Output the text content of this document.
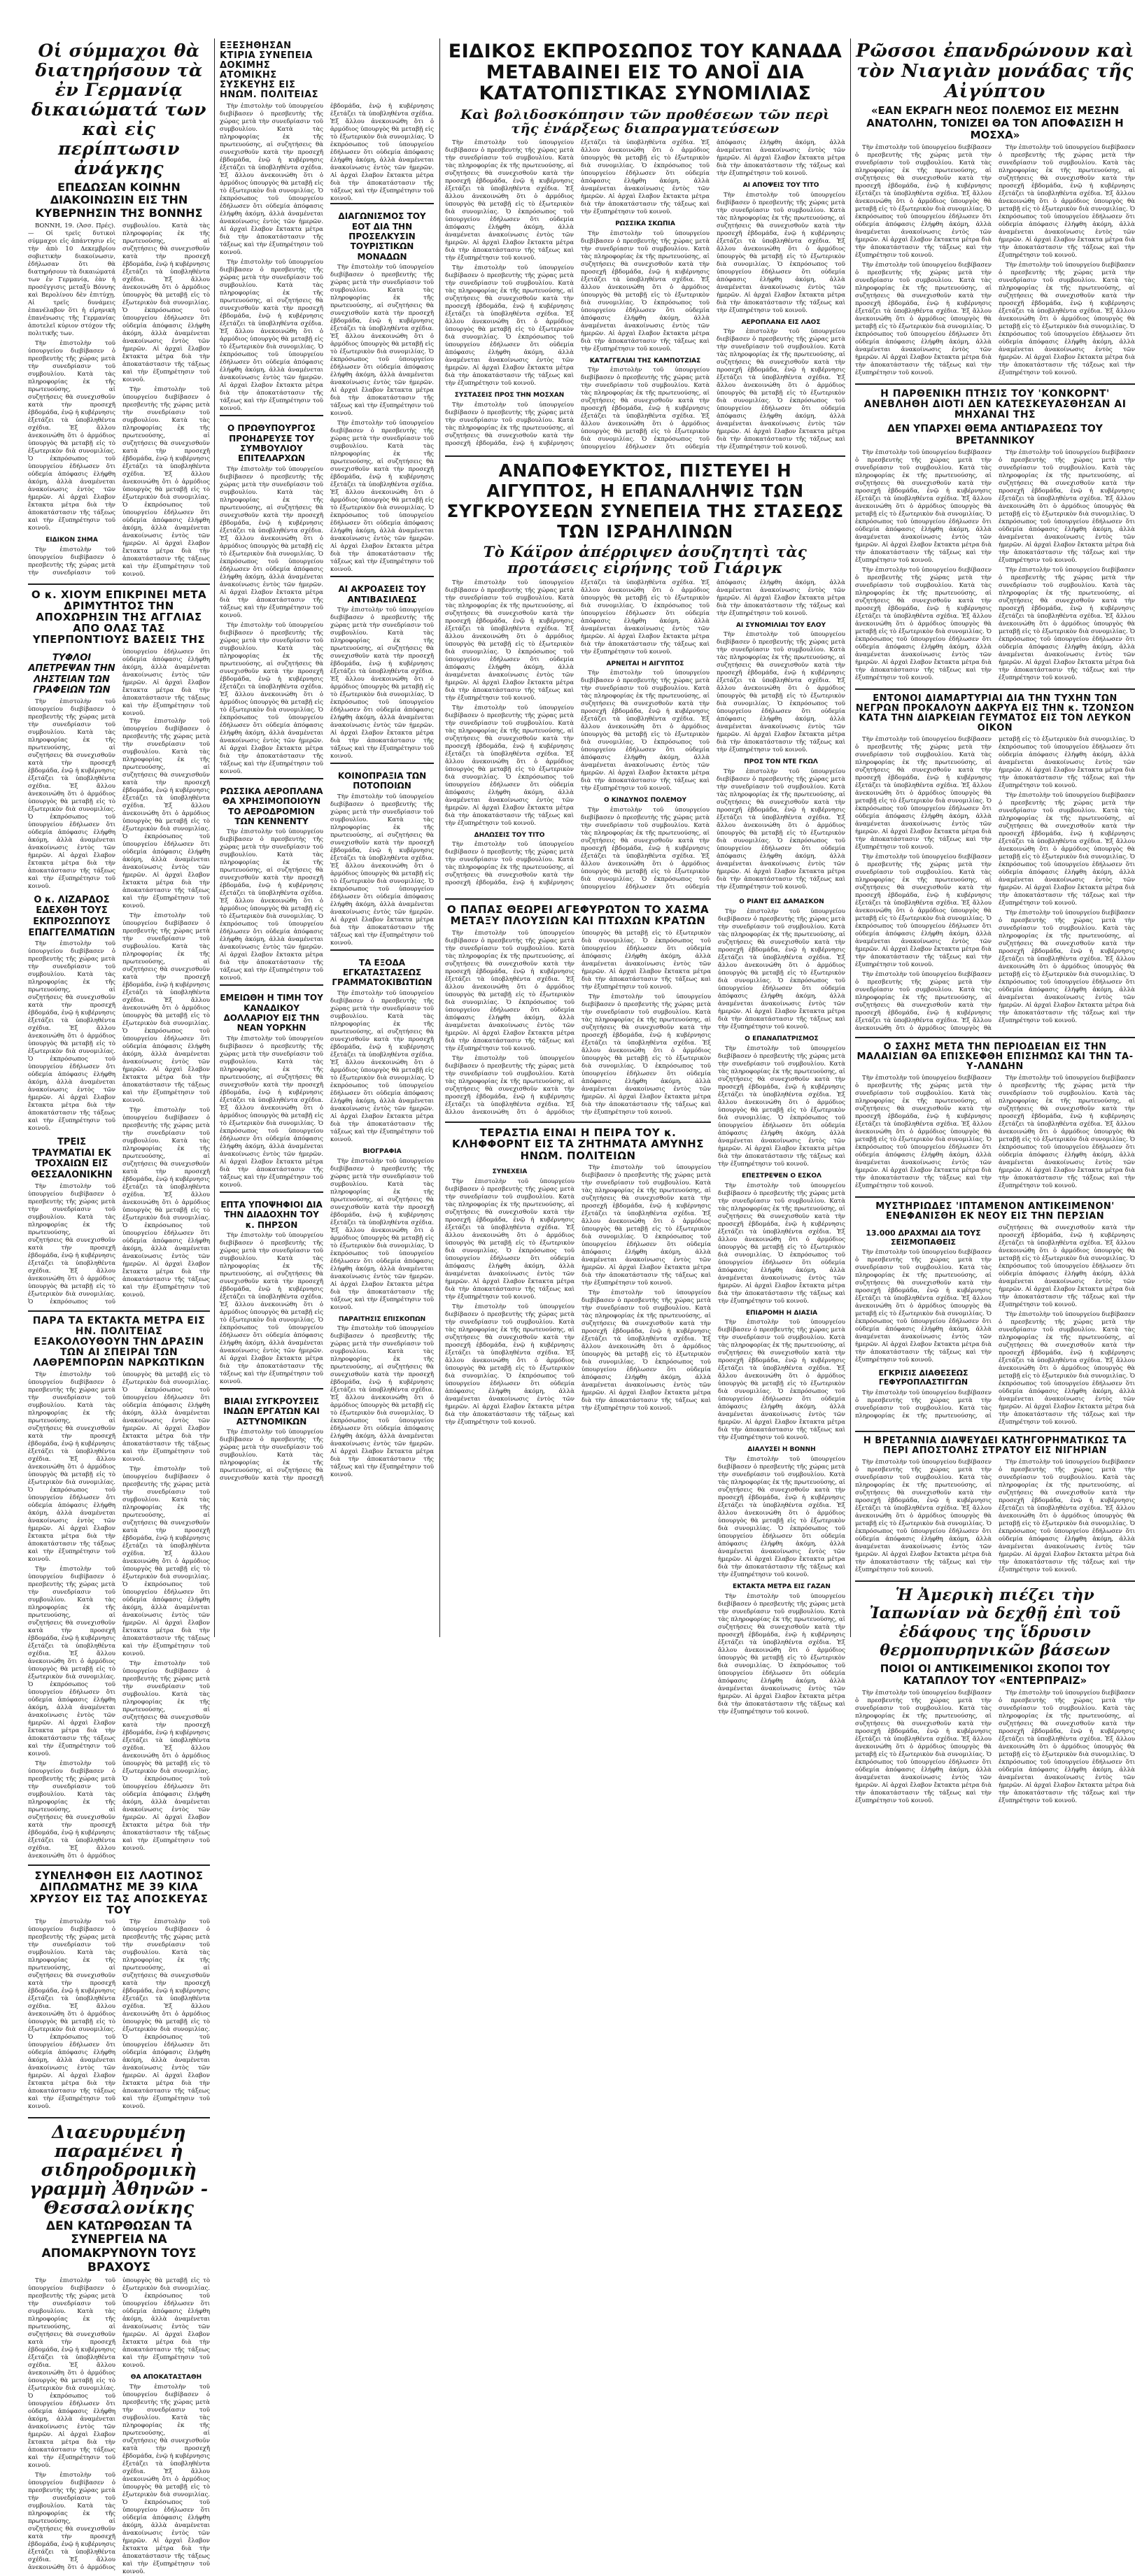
Οἱ σύμμαχοι θὰ διατηρήσουν τὰ ἐν Γερμανίᾳ δικαιώματά των καὶ εἰς περίπτωσιν ἀνάγκης
ΕΠΕΔΩΣΑΝ ΚΟΙΝΗΝ ΔΙΑΚΟΙΝΩΣΙΝ ΕΙΣ ΤΗΝ ΚΥΒΕΡΝΗΣΙΝ ΤΗΣ ΒΟΝΝΗΣ

ΒΟΝΝΗ, 19. (Ἀσσ. Πρές).— Οἱ τρεῖς δυτικοὶ σύμμαχοι εἰς ἀπάντησιν εἰς τὴν ἀπὸ 10 Δεκεμβρίου σοβιετικὴν διακοίνωσιν, ἐδήλωσαν ὅτι θὰ διατηρήσουν τὰ δικαιώματά των ἐν Γερμανίᾳ, ἐὰν ἡ προσέγγισις μεταξὺ Βόννης καὶ Βερολίνου δὲν ἐπιτύχῃ. Αἱ τρεῖς δυνάμεις ἐπανέλαβον ὅτι ἡ εἰρηνικὴ ἐπανένωσις τῆς Γερμανίας ἀποτελεῖ κύριον στόχον τῆς πολιτικῆς των.

Τὴν ἐπιστολὴν τοῦ ὑπουργείου διεβίβασεν ὁ πρεσβευτὴς τῆς χώρας μετὰ τὴν συνεδρίασιν τοῦ συμβουλίου. Κατὰ τὰς πληροφορίας ἐκ τῆς πρωτευούσης, αἱ συζητήσεις θὰ συνεχισθοῦν κατὰ τὴν προσεχῆ ἑβδομάδα, ἐνῷ ἡ κυβέρνησις ἐξετάζει τὰ ὑποβληθέντα σχέδια. Ἐξ ἄλλου ἀνεκοινώθη ὅτι ὁ ἀρμόδιος ὑπουργὸς θὰ μεταβῇ εἰς τὸ ἐξωτερικὸν διὰ συνομιλίας. Ὁ ἐκπρόσωπος τοῦ ὑπουργείου ἐδήλωσεν ὅτι οὐδεμία ἀπόφασις ἐλήφθη ἀκόμη, ἀλλὰ ἀναμένεται ἀνακοίνωσις ἐντὸς τῶν ἡμερῶν. Αἱ ἀρχαὶ ἔλαβον ἔκτακτα μέτρα διὰ τὴν ἀποκατάστασιν τῆς τάξεως καὶ τὴν ἐξυπηρέτησιν τοῦ κοινοῦ.

ΕΙΔΙΚΟΝ ΣΗΜΑ

Τὴν ἐπιστολὴν τοῦ ὑπουργείου διεβίβασεν ὁ πρεσβευτὴς τῆς χώρας μετὰ τὴν συνεδρίασιν τοῦ συμβουλίου. Κατὰ τὰς πληροφορίας ἐκ τῆς πρωτευούσης, αἱ συζητήσεις θὰ συνεχισθοῦν κατὰ τὴν προσεχῆ ἑβδομάδα, ἐνῷ ἡ κυβέρνησις ἐξετάζει τὰ ὑποβληθέντα σχέδια. Ἐξ ἄλλου ἀνεκοινώθη ὅτι ὁ ἀρμόδιος ὑπουργὸς θὰ μεταβῇ εἰς τὸ ἐξωτερικὸν διὰ συνομιλίας. Ὁ ἐκπρόσωπος τοῦ ὑπουργείου ἐδήλωσεν ὅτι οὐδεμία ἀπόφασις ἐλήφθη ἀκόμη, ἀλλὰ ἀναμένεται ἀνακοίνωσις ἐντὸς τῶν ἡμερῶν. Αἱ ἀρχαὶ ἔλαβον ἔκτακτα μέτρα διὰ τὴν ἀποκατάστασιν τῆς τάξεως καὶ τὴν ἐξυπηρέτησιν τοῦ κοινοῦ.

Τὴν ἐπιστολὴν τοῦ ὑπουργείου διεβίβασεν ὁ πρεσβευτὴς τῆς χώρας μετὰ τὴν συνεδρίασιν τοῦ συμβουλίου. Κατὰ τὰς πληροφορίας ἐκ τῆς πρωτευούσης, αἱ συζητήσεις θὰ συνεχισθοῦν κατὰ τὴν προσεχῆ ἑβδομάδα, ἐνῷ ἡ κυβέρνησις ἐξετάζει τὰ ὑποβληθέντα σχέδια. Ἐξ ἄλλου ἀνεκοινώθη ὅτι ὁ ἀρμόδιος ὑπουργὸς θὰ μεταβῇ εἰς τὸ ἐξωτερικὸν διὰ συνομιλίας. Ὁ ἐκπρόσωπος τοῦ ὑπουργείου ἐδήλωσεν ὅτι οὐδεμία ἀπόφασις ἐλήφθη ἀκόμη, ἀλλὰ ἀναμένεται ἀνακοίνωσις ἐντὸς τῶν ἡμερῶν. Αἱ ἀρχαὶ ἔλαβον ἔκτακτα μέτρα διὰ τὴν ἀποκατάστασιν τῆς τάξεως καὶ τὴν ἐξυπηρέτησιν τοῦ κοινοῦ.

Ο κ. ΧΙΟΥΜ ΕΠΙΚΡΙΝΕΙ ΜΕΤΑ ΔΡΙΜΥΤΗΤΟΣ ΤΗΝ ΑΠΟΧΩΡΗΣΙΝ ΤΗΣ ΑΓΓΛΙΑΣ ΑΠΟ ΟΛΑΣ ΤΑΣ ΥΠΕΡΠΟΝΤΙΟΥΣ ΒΑΣΕΙΣ ΤΗΣ
ΤΥΦΛΟΙ ΑΠΕΤΡΕΨΑΝ ΤΗΝ ΛΗΣΤΕΙΑΝ ΤΩΝ ΓΡΑΦΕΙΩΝ ΤΩΝ

Τὴν ἐπιστολὴν τοῦ ὑπουργείου διεβίβασεν ὁ πρεσβευτὴς τῆς χώρας μετὰ τὴν συνεδρίασιν τοῦ συμβουλίου. Κατὰ τὰς πληροφορίας ἐκ τῆς πρωτευούσης, αἱ συζητήσεις θὰ συνεχισθοῦν κατὰ τὴν προσεχῆ ἑβδομάδα, ἐνῷ ἡ κυβέρνησις ἐξετάζει τὰ ὑποβληθέντα σχέδια. Ἐξ ἄλλου ἀνεκοινώθη ὅτι ὁ ἀρμόδιος ὑπουργὸς θὰ μεταβῇ εἰς τὸ ἐξωτερικὸν διὰ συνομιλίας. Ὁ ἐκπρόσωπος τοῦ ὑπουργείου ἐδήλωσεν ὅτι οὐδεμία ἀπόφασις ἐλήφθη ἀκόμη, ἀλλὰ ἀναμένεται ἀνακοίνωσις ἐντὸς τῶν ἡμερῶν. Αἱ ἀρχαὶ ἔλαβον ἔκτακτα μέτρα διὰ τὴν ἀποκατάστασιν τῆς τάξεως καὶ τὴν ἐξυπηρέτησιν τοῦ κοινοῦ.

Ο κ. ΛΙΖΑΡΔΟΣ ΕΔΕΧΘΗ ΤΟΥΣ ΕΚΠΡΟΣΩΠΟΥΣ ΕΠΑΓΓΕΛΜΑΤΙΩΝ

Τὴν ἐπιστολὴν τοῦ ὑπουργείου διεβίβασεν ὁ πρεσβευτὴς τῆς χώρας μετὰ τὴν συνεδρίασιν τοῦ συμβουλίου. Κατὰ τὰς πληροφορίας ἐκ τῆς πρωτευούσης, αἱ συζητήσεις θὰ συνεχισθοῦν κατὰ τὴν προσεχῆ ἑβδομάδα, ἐνῷ ἡ κυβέρνησις ἐξετάζει τὰ ὑποβληθέντα σχέδια. Ἐξ ἄλλου ἀνεκοινώθη ὅτι ὁ ἀρμόδιος ὑπουργὸς θὰ μεταβῇ εἰς τὸ ἐξωτερικὸν διὰ συνομιλίας. Ὁ ἐκπρόσωπος τοῦ ὑπουργείου ἐδήλωσεν ὅτι οὐδεμία ἀπόφασις ἐλήφθη ἀκόμη, ἀλλὰ ἀναμένεται ἀνακοίνωσις ἐντὸς τῶν ἡμερῶν. Αἱ ἀρχαὶ ἔλαβον ἔκτακτα μέτρα διὰ τὴν ἀποκατάστασιν τῆς τάξεως καὶ τὴν ἐξυπηρέτησιν τοῦ κοινοῦ.

ΤΡΕΙΣ ΤΡΑΥΜΑΤΙΑΙ ΕΚ ΤΡΟΧΑΙΩΝ ΕΙΣ ΘΕΣΣΑΛΟΝΙΚΗΝ

Τὴν ἐπιστολὴν τοῦ ὑπουργείου διεβίβασεν ὁ πρεσβευτὴς τῆς χώρας μετὰ τὴν συνεδρίασιν τοῦ συμβουλίου. Κατὰ τὰς πληροφορίας ἐκ τῆς πρωτευούσης, αἱ συζητήσεις θὰ συνεχισθοῦν κατὰ τὴν προσεχῆ ἑβδομάδα, ἐνῷ ἡ κυβέρνησις ἐξετάζει τὰ ὑποβληθέντα σχέδια. Ἐξ ἄλλου ἀνεκοινώθη ὅτι ὁ ἀρμόδιος ὑπουργὸς θὰ μεταβῇ εἰς τὸ ἐξωτερικὸν διὰ συνομιλίας. Ὁ ἐκπρόσωπος τοῦ ὑπουργείου ἐδήλωσεν ὅτι οὐδεμία ἀπόφασις ἐλήφθη ἀκόμη, ἀλλὰ ἀναμένεται ἀνακοίνωσις ἐντὸς τῶν ἡμερῶν. Αἱ ἀρχαὶ ἔλαβον ἔκτακτα μέτρα διὰ τὴν ἀποκατάστασιν τῆς τάξεως καὶ τὴν ἐξυπηρέτησιν τοῦ κοινοῦ.

Τὴν ἐπιστολὴν τοῦ ὑπουργείου διεβίβασεν ὁ πρεσβευτὴς τῆς χώρας μετὰ τὴν συνεδρίασιν τοῦ συμβουλίου. Κατὰ τὰς πληροφορίας ἐκ τῆς πρωτευούσης, αἱ συζητήσεις θὰ συνεχισθοῦν κατὰ τὴν προσεχῆ ἑβδομάδα, ἐνῷ ἡ κυβέρνησις ἐξετάζει τὰ ὑποβληθέντα σχέδια. Ἐξ ἄλλου ἀνεκοινώθη ὅτι ὁ ἀρμόδιος ὑπουργὸς θὰ μεταβῇ εἰς τὸ ἐξωτερικὸν διὰ συνομιλίας. Ὁ ἐκπρόσωπος τοῦ ὑπουργείου ἐδήλωσεν ὅτι οὐδεμία ἀπόφασις ἐλήφθη ἀκόμη, ἀλλὰ ἀναμένεται ἀνακοίνωσις ἐντὸς τῶν ἡμερῶν. Αἱ ἀρχαὶ ἔλαβον ἔκτακτα μέτρα διὰ τὴν ἀποκατάστασιν τῆς τάξεως καὶ τὴν ἐξυπηρέτησιν τοῦ κοινοῦ.

Τὴν ἐπιστολὴν τοῦ ὑπουργείου διεβίβασεν ὁ πρεσβευτὴς τῆς χώρας μετὰ τὴν συνεδρίασιν τοῦ συμβουλίου. Κατὰ τὰς πληροφορίας ἐκ τῆς πρωτευούσης, αἱ συζητήσεις θὰ συνεχισθοῦν κατὰ τὴν προσεχῆ ἑβδομάδα, ἐνῷ ἡ κυβέρνησις ἐξετάζει τὰ ὑποβληθέντα σχέδια. Ἐξ ἄλλου ἀνεκοινώθη ὅτι ὁ ἀρμόδιος ὑπουργὸς θὰ μεταβῇ εἰς τὸ ἐξωτερικὸν διὰ συνομιλίας. Ὁ ἐκπρόσωπος τοῦ ὑπουργείου ἐδήλωσεν ὅτι οὐδεμία ἀπόφασις ἐλήφθη ἀκόμη, ἀλλὰ ἀναμένεται ἀνακοίνωσις ἐντὸς τῶν ἡμερῶν. Αἱ ἀρχαὶ ἔλαβον ἔκτακτα μέτρα διὰ τὴν ἀποκατάστασιν τῆς τάξεως καὶ τὴν ἐξυπηρέτησιν τοῦ κοινοῦ.

Τὴν ἐπιστολὴν τοῦ ὑπουργείου διεβίβασεν ὁ πρεσβευτὴς τῆς χώρας μετὰ τὴν συνεδρίασιν τοῦ συμβουλίου. Κατὰ τὰς πληροφορίας ἐκ τῆς πρωτευούσης, αἱ συζητήσεις θὰ συνεχισθοῦν κατὰ τὴν προσεχῆ ἑβδομάδα, ἐνῷ ἡ κυβέρνησις ἐξετάζει τὰ ὑποβληθέντα σχέδια. Ἐξ ἄλλου ἀνεκοινώθη ὅτι ὁ ἀρμόδιος ὑπουργὸς θὰ μεταβῇ εἰς τὸ ἐξωτερικὸν διὰ συνομιλίας. Ὁ ἐκπρόσωπος τοῦ ὑπουργείου ἐδήλωσεν ὅτι οὐδεμία ἀπόφασις ἐλήφθη ἀκόμη, ἀλλὰ ἀναμένεται ἀνακοίνωσις ἐντὸς τῶν ἡμερῶν. Αἱ ἀρχαὶ ἔλαβον ἔκτακτα μέτρα διὰ τὴν ἀποκατάστασιν τῆς τάξεως καὶ τὴν ἐξυπηρέτησιν τοῦ κοινοῦ.

ΠΑΡΑ ΤΑ ΕΚΤΑΚΤΑ ΜΕΤΡΑ ΕΙΣ ΗΝ. ΠΟΛΙΤΕΙΑΣ ΕΞΑΚΟΛΟΥΘΟΥΝ ΤΗΝ ΔΡΑΣΙΝ ΤΩΝ ΑΙ ΣΠΕΙΡΑΙ ΤΩΝ ΛΑΘΡΕΜΠΟΡΩΝ ΝΑΡΚΩΤΙΚΩΝ

Τὴν ἐπιστολὴν τοῦ ὑπουργείου διεβίβασεν ὁ πρεσβευτὴς τῆς χώρας μετὰ τὴν συνεδρίασιν τοῦ συμβουλίου. Κατὰ τὰς πληροφορίας ἐκ τῆς πρωτευούσης, αἱ συζητήσεις θὰ συνεχισθοῦν κατὰ τὴν προσεχῆ ἑβδομάδα, ἐνῷ ἡ κυβέρνησις ἐξετάζει τὰ ὑποβληθέντα σχέδια. Ἐξ ἄλλου ἀνεκοινώθη ὅτι ὁ ἀρμόδιος ὑπουργὸς θὰ μεταβῇ εἰς τὸ ἐξωτερικὸν διὰ συνομιλίας. Ὁ ἐκπρόσωπος τοῦ ὑπουργείου ἐδήλωσεν ὅτι οὐδεμία ἀπόφασις ἐλήφθη ἀκόμη, ἀλλὰ ἀναμένεται ἀνακοίνωσις ἐντὸς τῶν ἡμερῶν. Αἱ ἀρχαὶ ἔλαβον ἔκτακτα μέτρα διὰ τὴν ἀποκατάστασιν τῆς τάξεως καὶ τὴν ἐξυπηρέτησιν τοῦ κοινοῦ.

Τὴν ἐπιστολὴν τοῦ ὑπουργείου διεβίβασεν ὁ πρεσβευτὴς τῆς χώρας μετὰ τὴν συνεδρίασιν τοῦ συμβουλίου. Κατὰ τὰς πληροφορίας ἐκ τῆς πρωτευούσης, αἱ συζητήσεις θὰ συνεχισθοῦν κατὰ τὴν προσεχῆ ἑβδομάδα, ἐνῷ ἡ κυβέρνησις ἐξετάζει τὰ ὑποβληθέντα σχέδια. Ἐξ ἄλλου ἀνεκοινώθη ὅτι ὁ ἀρμόδιος ὑπουργὸς θὰ μεταβῇ εἰς τὸ ἐξωτερικὸν διὰ συνομιλίας. Ὁ ἐκπρόσωπος τοῦ ὑπουργείου ἐδήλωσεν ὅτι οὐδεμία ἀπόφασις ἐλήφθη ἀκόμη, ἀλλὰ ἀναμένεται ἀνακοίνωσις ἐντὸς τῶν ἡμερῶν. Αἱ ἀρχαὶ ἔλαβον ἔκτακτα μέτρα διὰ τὴν ἀποκατάστασιν τῆς τάξεως καὶ τὴν ἐξυπηρέτησιν τοῦ κοινοῦ.

Τὴν ἐπιστολὴν τοῦ ὑπουργείου διεβίβασεν ὁ πρεσβευτὴς τῆς χώρας μετὰ τὴν συνεδρίασιν τοῦ συμβουλίου. Κατὰ τὰς πληροφορίας ἐκ τῆς πρωτευούσης, αἱ συζητήσεις θὰ συνεχισθοῦν κατὰ τὴν προσεχῆ ἑβδομάδα, ἐνῷ ἡ κυβέρνησις ἐξετάζει τὰ ὑποβληθέντα σχέδια. Ἐξ ἄλλου ἀνεκοινώθη ὅτι ὁ ἀρμόδιος ὑπουργὸς θὰ μεταβῇ εἰς τὸ ἐξωτερικὸν διὰ συνομιλίας. Ὁ ἐκπρόσωπος τοῦ ὑπουργείου ἐδήλωσεν ὅτι οὐδεμία ἀπόφασις ἐλήφθη ἀκόμη, ἀλλὰ ἀναμένεται ἀνακοίνωσις ἐντὸς τῶν ἡμερῶν. Αἱ ἀρχαὶ ἔλαβον ἔκτακτα μέτρα διὰ τὴν ἀποκατάστασιν τῆς τάξεως καὶ τὴν ἐξυπηρέτησιν τοῦ κοινοῦ.

Τὴν ἐπιστολὴν τοῦ ὑπουργείου διεβίβασεν ὁ πρεσβευτὴς τῆς χώρας μετὰ τὴν συνεδρίασιν τοῦ συμβουλίου. Κατὰ τὰς πληροφορίας ἐκ τῆς πρωτευούσης, αἱ συζητήσεις θὰ συνεχισθοῦν κατὰ τὴν προσεχῆ ἑβδομάδα, ἐνῷ ἡ κυβέρνησις ἐξετάζει τὰ ὑποβληθέντα σχέδια. Ἐξ ἄλλου ἀνεκοινώθη ὅτι ὁ ἀρμόδιος ὑπουργὸς θὰ μεταβῇ εἰς τὸ ἐξωτερικὸν διὰ συνομιλίας. Ὁ ἐκπρόσωπος τοῦ ὑπουργείου ἐδήλωσεν ὅτι οὐδεμία ἀπόφασις ἐλήφθη ἀκόμη, ἀλλὰ ἀναμένεται ἀνακοίνωσις ἐντὸς τῶν ἡμερῶν. Αἱ ἀρχαὶ ἔλαβον ἔκτακτα μέτρα διὰ τὴν ἀποκατάστασιν τῆς τάξεως καὶ τὴν ἐξυπηρέτησιν τοῦ κοινοῦ.

Τὴν ἐπιστολὴν τοῦ ὑπουργείου διεβίβασεν ὁ πρεσβευτὴς τῆς χώρας μετὰ τὴν συνεδρίασιν τοῦ συμβουλίου. Κατὰ τὰς πληροφορίας ἐκ τῆς πρωτευούσης, αἱ συζητήσεις θὰ συνεχισθοῦν κατὰ τὴν προσεχῆ ἑβδομάδα, ἐνῷ ἡ κυβέρνησις ἐξετάζει τὰ ὑποβληθέντα σχέδια. Ἐξ ἄλλου ἀνεκοινώθη ὅτι ὁ ἀρμόδιος ὑπουργὸς θὰ μεταβῇ εἰς τὸ ἐξωτερικὸν διὰ συνομιλίας. Ὁ ἐκπρόσωπος τοῦ ὑπουργείου ἐδήλωσεν ὅτι οὐδεμία ἀπόφασις ἐλήφθη ἀκόμη, ἀλλὰ ἀναμένεται ἀνακοίνωσις ἐντὸς τῶν ἡμερῶν. Αἱ ἀρχαὶ ἔλαβον ἔκτακτα μέτρα διὰ τὴν ἀποκατάστασιν τῆς τάξεως καὶ τὴν ἐξυπηρέτησιν τοῦ κοινοῦ.

ΣΥΝΕΛΗΦΘΗ ΕΙΣ ΛΑΟΤΙΝΟΣ ΔΙΠΛΩΜΑΤΗΣ ΜΕ 39 ΚΙΛΑ ΧΡΥΣΟΥ ΕΙΣ ΤΑΣ ΑΠΟΣΚΕΥΑΣ ΤΟΥ

Τὴν ἐπιστολὴν τοῦ ὑπουργείου διεβίβασεν ὁ πρεσβευτὴς τῆς χώρας μετὰ τὴν συνεδρίασιν τοῦ συμβουλίου. Κατὰ τὰς πληροφορίας ἐκ τῆς πρωτευούσης, αἱ συζητήσεις θὰ συνεχισθοῦν κατὰ τὴν προσεχῆ ἑβδομάδα, ἐνῷ ἡ κυβέρνησις ἐξετάζει τὰ ὑποβληθέντα σχέδια. Ἐξ ἄλλου ἀνεκοινώθη ὅτι ὁ ἀρμόδιος ὑπουργὸς θὰ μεταβῇ εἰς τὸ ἐξωτερικὸν διὰ συνομιλίας. Ὁ ἐκπρόσωπος τοῦ ὑπουργείου ἐδήλωσεν ὅτι οὐδεμία ἀπόφασις ἐλήφθη ἀκόμη, ἀλλὰ ἀναμένεται ἀνακοίνωσις ἐντὸς τῶν ἡμερῶν. Αἱ ἀρχαὶ ἔλαβον ἔκτακτα μέτρα διὰ τὴν ἀποκατάστασιν τῆς τάξεως καὶ τὴν ἐξυπηρέτησιν τοῦ κοινοῦ.

Τὴν ἐπιστολὴν τοῦ ὑπουργείου διεβίβασεν ὁ πρεσβευτὴς τῆς χώρας μετὰ τὴν συνεδρίασιν τοῦ συμβουλίου. Κατὰ τὰς πληροφορίας ἐκ τῆς πρωτευούσης, αἱ συζητήσεις θὰ συνεχισθοῦν κατὰ τὴν προσεχῆ ἑβδομάδα, ἐνῷ ἡ κυβέρνησις ἐξετάζει τὰ ὑποβληθέντα σχέδια. Ἐξ ἄλλου ἀνεκοινώθη ὅτι ὁ ἀρμόδιος ὑπουργὸς θὰ μεταβῇ εἰς τὸ ἐξωτερικὸν διὰ συνομιλίας. Ὁ ἐκπρόσωπος τοῦ ὑπουργείου ἐδήλωσεν ὅτι οὐδεμία ἀπόφασις ἐλήφθη ἀκόμη, ἀλλὰ ἀναμένεται ἀνακοίνωσις ἐντὸς τῶν ἡμερῶν. Αἱ ἀρχαὶ ἔλαβον ἔκτακτα μέτρα διὰ τὴν ἀποκατάστασιν τῆς τάξεως καὶ τὴν ἐξυπηρέτησιν τοῦ κοινοῦ.

Διαευρυμένη παραμένει ἡ σιδηροδρομικὴ γραμμὴ Ἀθηνῶν - Θεσσαλονίκης
ΔΕΝ ΚΑΤΩΡΘΩΣΑΝ ΤΑ ΣΥΝΕΡΓΕΙΑ ΝΑ ΑΠΟΜΑΚΡΥΝΟΥΝ ΤΟΥΣ ΒΡΑΧΟΥΣ

Τὴν ἐπιστολὴν τοῦ ὑπουργείου διεβίβασεν ὁ πρεσβευτὴς τῆς χώρας μετὰ τὴν συνεδρίασιν τοῦ συμβουλίου. Κατὰ τὰς πληροφορίας ἐκ τῆς πρωτευούσης, αἱ συζητήσεις θὰ συνεχισθοῦν κατὰ τὴν προσεχῆ ἑβδομάδα, ἐνῷ ἡ κυβέρνησις ἐξετάζει τὰ ὑποβληθέντα σχέδια. Ἐξ ἄλλου ἀνεκοινώθη ὅτι ὁ ἀρμόδιος ὑπουργὸς θὰ μεταβῇ εἰς τὸ ἐξωτερικὸν διὰ συνομιλίας. Ὁ ἐκπρόσωπος τοῦ ὑπουργείου ἐδήλωσεν ὅτι οὐδεμία ἀπόφασις ἐλήφθη ἀκόμη, ἀλλὰ ἀναμένεται ἀνακοίνωσις ἐντὸς τῶν ἡμερῶν. Αἱ ἀρχαὶ ἔλαβον ἔκτακτα μέτρα διὰ τὴν ἀποκατάστασιν τῆς τάξεως καὶ τὴν ἐξυπηρέτησιν τοῦ κοινοῦ.

Τὴν ἐπιστολὴν τοῦ ὑπουργείου διεβίβασεν ὁ πρεσβευτὴς τῆς χώρας μετὰ τὴν συνεδρίασιν τοῦ συμβουλίου. Κατὰ τὰς πληροφορίας ἐκ τῆς πρωτευούσης, αἱ συζητήσεις θὰ συνεχισθοῦν κατὰ τὴν προσεχῆ ἑβδομάδα, ἐνῷ ἡ κυβέρνησις ἐξετάζει τὰ ὑποβληθέντα σχέδια. Ἐξ ἄλλου ἀνεκοινώθη ὅτι ὁ ἀρμόδιος ὑπουργὸς θὰ μεταβῇ εἰς τὸ ἐξωτερικὸν διὰ συνομιλίας. Ὁ ἐκπρόσωπος τοῦ ὑπουργείου ἐδήλωσεν ὅτι οὐδεμία ἀπόφασις ἐλήφθη ἀκόμη, ἀλλὰ ἀναμένεται ἀνακοίνωσις ἐντὸς τῶν ἡμερῶν. Αἱ ἀρχαὶ ἔλαβον ἔκτακτα μέτρα διὰ τὴν ἀποκατάστασιν τῆς τάξεως καὶ τὴν ἐξυπηρέτησιν τοῦ κοινοῦ.

ΘΑ ΑΠΟΚΑΤΑΣΤΑΘΗ

Τὴν ἐπιστολὴν τοῦ ὑπουργείου διεβίβασεν ὁ πρεσβευτὴς τῆς χώρας μετὰ τὴν συνεδρίασιν τοῦ συμβουλίου. Κατὰ τὰς πληροφορίας ἐκ τῆς πρωτευούσης, αἱ συζητήσεις θὰ συνεχισθοῦν κατὰ τὴν προσεχῆ ἑβδομάδα, ἐνῷ ἡ κυβέρνησις ἐξετάζει τὰ ὑποβληθέντα σχέδια. Ἐξ ἄλλου ἀνεκοινώθη ὅτι ὁ ἀρμόδιος ὑπουργὸς θὰ μεταβῇ εἰς τὸ ἐξωτερικὸν διὰ συνομιλίας. Ὁ ἐκπρόσωπος τοῦ ὑπουργείου ἐδήλωσεν ὅτι οὐδεμία ἀπόφασις ἐλήφθη ἀκόμη, ἀλλὰ ἀναμένεται ἀνακοίνωσις ἐντὸς τῶν ἡμερῶν. Αἱ ἀρχαὶ ἔλαβον ἔκτακτα μέτρα διὰ τὴν ἀποκατάστασιν τῆς τάξεως καὶ τὴν ἐξυπηρέτησιν τοῦ κοινοῦ.

ΕΞΕΣΗΘΗΣΑΝ ΚΤΙΡΙΑ ΣΥΝΕΠΕΙΑ ΔΟΚΙΜΗΣ ΑΤΟΜΙΚΗΣ ΣΥΣΚΕΥΗΣ ΕΙΣ ΗΝΩΜ. ΠΟΛΙΤΕΙΑΣ

Τὴν ἐπιστολὴν τοῦ ὑπουργείου διεβίβασεν ὁ πρεσβευτὴς τῆς χώρας μετὰ τὴν συνεδρίασιν τοῦ συμβουλίου. Κατὰ τὰς πληροφορίας ἐκ τῆς πρωτευούσης, αἱ συζητήσεις θὰ συνεχισθοῦν κατὰ τὴν προσεχῆ ἑβδομάδα, ἐνῷ ἡ κυβέρνησις ἐξετάζει τὰ ὑποβληθέντα σχέδια. Ἐξ ἄλλου ἀνεκοινώθη ὅτι ὁ ἀρμόδιος ὑπουργὸς θὰ μεταβῇ εἰς τὸ ἐξωτερικὸν διὰ συνομιλίας. Ὁ ἐκπρόσωπος τοῦ ὑπουργείου ἐδήλωσεν ὅτι οὐδεμία ἀπόφασις ἐλήφθη ἀκόμη, ἀλλὰ ἀναμένεται ἀνακοίνωσις ἐντὸς τῶν ἡμερῶν. Αἱ ἀρχαὶ ἔλαβον ἔκτακτα μέτρα διὰ τὴν ἀποκατάστασιν τῆς τάξεως καὶ τὴν ἐξυπηρέτησιν τοῦ κοινοῦ.

Τὴν ἐπιστολὴν τοῦ ὑπουργείου διεβίβασεν ὁ πρεσβευτὴς τῆς χώρας μετὰ τὴν συνεδρίασιν τοῦ συμβουλίου. Κατὰ τὰς πληροφορίας ἐκ τῆς πρωτευούσης, αἱ συζητήσεις θὰ συνεχισθοῦν κατὰ τὴν προσεχῆ ἑβδομάδα, ἐνῷ ἡ κυβέρνησις ἐξετάζει τὰ ὑποβληθέντα σχέδια. Ἐξ ἄλλου ἀνεκοινώθη ὅτι ὁ ἀρμόδιος ὑπουργὸς θὰ μεταβῇ εἰς τὸ ἐξωτερικὸν διὰ συνομιλίας. Ὁ ἐκπρόσωπος τοῦ ὑπουργείου ἐδήλωσεν ὅτι οὐδεμία ἀπόφασις ἐλήφθη ἀκόμη, ἀλλὰ ἀναμένεται ἀνακοίνωσις ἐντὸς τῶν ἡμερῶν. Αἱ ἀρχαὶ ἔλαβον ἔκτακτα μέτρα διὰ τὴν ἀποκατάστασιν τῆς τάξεως καὶ τὴν ἐξυπηρέτησιν τοῦ κοινοῦ.

Ο ΠΡΩΘΥΠΟΥΡΓΟΣ ΠΡΟΗΔΡΕΥΣΕ ΤΟΥ ΣΥΜΒΟΥΛΙΟΥ ΕΠΙΤΕΛΑΡΧΩΝ

Τὴν ἐπιστολὴν τοῦ ὑπουργείου διεβίβασεν ὁ πρεσβευτὴς τῆς χώρας μετὰ τὴν συνεδρίασιν τοῦ συμβουλίου. Κατὰ τὰς πληροφορίας ἐκ τῆς πρωτευούσης, αἱ συζητήσεις θὰ συνεχισθοῦν κατὰ τὴν προσεχῆ ἑβδομάδα, ἐνῷ ἡ κυβέρνησις ἐξετάζει τὰ ὑποβληθέντα σχέδια. Ἐξ ἄλλου ἀνεκοινώθη ὅτι ὁ ἀρμόδιος ὑπουργὸς θὰ μεταβῇ εἰς τὸ ἐξωτερικὸν διὰ συνομιλίας. Ὁ ἐκπρόσωπος τοῦ ὑπουργείου ἐδήλωσεν ὅτι οὐδεμία ἀπόφασις ἐλήφθη ἀκόμη, ἀλλὰ ἀναμένεται ἀνακοίνωσις ἐντὸς τῶν ἡμερῶν. Αἱ ἀρχαὶ ἔλαβον ἔκτακτα μέτρα διὰ τὴν ἀποκατάστασιν τῆς τάξεως καὶ τὴν ἐξυπηρέτησιν τοῦ κοινοῦ.

Τὴν ἐπιστολὴν τοῦ ὑπουργείου διεβίβασεν ὁ πρεσβευτὴς τῆς χώρας μετὰ τὴν συνεδρίασιν τοῦ συμβουλίου. Κατὰ τὰς πληροφορίας ἐκ τῆς πρωτευούσης, αἱ συζητήσεις θὰ συνεχισθοῦν κατὰ τὴν προσεχῆ ἑβδομάδα, ἐνῷ ἡ κυβέρνησις ἐξετάζει τὰ ὑποβληθέντα σχέδια. Ἐξ ἄλλου ἀνεκοινώθη ὅτι ὁ ἀρμόδιος ὑπουργὸς θὰ μεταβῇ εἰς τὸ ἐξωτερικὸν διὰ συνομιλίας. Ὁ ἐκπρόσωπος τοῦ ὑπουργείου ἐδήλωσεν ὅτι οὐδεμία ἀπόφασις ἐλήφθη ἀκόμη, ἀλλὰ ἀναμένεται ἀνακοίνωσις ἐντὸς τῶν ἡμερῶν. Αἱ ἀρχαὶ ἔλαβον ἔκτακτα μέτρα διὰ τὴν ἀποκατάστασιν τῆς τάξεως καὶ τὴν ἐξυπηρέτησιν τοῦ κοινοῦ.

ΡΩΣΣΙΚΑ ΑΕΡΟΠΛΑΝΑ ΘΑ ΧΡΗΣΙΜΟΠΟΙΟΥΝ ΤΟ ΑΕΡΟΔΡΟΜΙΟΝ ΤΩΝ ΚΕΝΝΕΝΤΥ

Τὴν ἐπιστολὴν τοῦ ὑπουργείου διεβίβασεν ὁ πρεσβευτὴς τῆς χώρας μετὰ τὴν συνεδρίασιν τοῦ συμβουλίου. Κατὰ τὰς πληροφορίας ἐκ τῆς πρωτευούσης, αἱ συζητήσεις θὰ συνεχισθοῦν κατὰ τὴν προσεχῆ ἑβδομάδα, ἐνῷ ἡ κυβέρνησις ἐξετάζει τὰ ὑποβληθέντα σχέδια. Ἐξ ἄλλου ἀνεκοινώθη ὅτι ὁ ἀρμόδιος ὑπουργὸς θὰ μεταβῇ εἰς τὸ ἐξωτερικὸν διὰ συνομιλίας. Ὁ ἐκπρόσωπος τοῦ ὑπουργείου ἐδήλωσεν ὅτι οὐδεμία ἀπόφασις ἐλήφθη ἀκόμη, ἀλλὰ ἀναμένεται ἀνακοίνωσις ἐντὸς τῶν ἡμερῶν. Αἱ ἀρχαὶ ἔλαβον ἔκτακτα μέτρα διὰ τὴν ἀποκατάστασιν τῆς τάξεως καὶ τὴν ἐξυπηρέτησιν τοῦ κοινοῦ.

ΕΜΕΙΩΘΗ Η ΤΙΜΗ ΤΟΥ ΚΑΝΑΔΙΚΟΥ ΔΟΛΛΑΡΙΟΥ ΕΙΣ ΤΗΝ ΝΕΑΝ ΥΟΡΚΗΝ

Τὴν ἐπιστολὴν τοῦ ὑπουργείου διεβίβασεν ὁ πρεσβευτὴς τῆς χώρας μετὰ τὴν συνεδρίασιν τοῦ συμβουλίου. Κατὰ τὰς πληροφορίας ἐκ τῆς πρωτευούσης, αἱ συζητήσεις θὰ συνεχισθοῦν κατὰ τὴν προσεχῆ ἑβδομάδα, ἐνῷ ἡ κυβέρνησις ἐξετάζει τὰ ὑποβληθέντα σχέδια. Ἐξ ἄλλου ἀνεκοινώθη ὅτι ὁ ἀρμόδιος ὑπουργὸς θὰ μεταβῇ εἰς τὸ ἐξωτερικὸν διὰ συνομιλίας. Ὁ ἐκπρόσωπος τοῦ ὑπουργείου ἐδήλωσεν ὅτι οὐδεμία ἀπόφασις ἐλήφθη ἀκόμη, ἀλλὰ ἀναμένεται ἀνακοίνωσις ἐντὸς τῶν ἡμερῶν. Αἱ ἀρχαὶ ἔλαβον ἔκτακτα μέτρα διὰ τὴν ἀποκατάστασιν τῆς τάξεως καὶ τὴν ἐξυπηρέτησιν τοῦ κοινοῦ.

ΕΠΤΑ ΥΠΟΨΗΦΙΟΙ ΔΙΑ ΤΗΝ ΔΙΑΔΟΧΗΝ ΤΟΥ κ. ΠΗΡΣΟΝ

Τὴν ἐπιστολὴν τοῦ ὑπουργείου διεβίβασεν ὁ πρεσβευτὴς τῆς χώρας μετὰ τὴν συνεδρίασιν τοῦ συμβουλίου. Κατὰ τὰς πληροφορίας ἐκ τῆς πρωτευούσης, αἱ συζητήσεις θὰ συνεχισθοῦν κατὰ τὴν προσεχῆ ἑβδομάδα, ἐνῷ ἡ κυβέρνησις ἐξετάζει τὰ ὑποβληθέντα σχέδια. Ἐξ ἄλλου ἀνεκοινώθη ὅτι ὁ ἀρμόδιος ὑπουργὸς θὰ μεταβῇ εἰς τὸ ἐξωτερικὸν διὰ συνομιλίας. Ὁ ἐκπρόσωπος τοῦ ὑπουργείου ἐδήλωσεν ὅτι οὐδεμία ἀπόφασις ἐλήφθη ἀκόμη, ἀλλὰ ἀναμένεται ἀνακοίνωσις ἐντὸς τῶν ἡμερῶν. Αἱ ἀρχαὶ ἔλαβον ἔκτακτα μέτρα διὰ τὴν ἀποκατάστασιν τῆς τάξεως καὶ τὴν ἐξυπηρέτησιν τοῦ κοινοῦ.

ΒΙΑΙΑΙ ΣΥΓΚΡΟΥΣΕΙΣ ΙΝΔΩΝ ΕΡΓΑΤΩΝ ΚΑΙ ΑΣΤΥΝΟΜΙΚΩΝ

Τὴν ἐπιστολὴν τοῦ ὑπουργείου διεβίβασεν ὁ πρεσβευτὴς τῆς χώρας μετὰ τὴν συνεδρίασιν τοῦ συμβουλίου. Κατὰ τὰς πληροφορίας ἐκ τῆς πρωτευούσης, αἱ συζητήσεις θὰ συνεχισθοῦν κατὰ τὴν προσεχῆ ἑβδομάδα, ἐνῷ ἡ κυβέρνησις ἐξετάζει τὰ ὑποβληθέντα σχέδια. Ἐξ ἄλλου ἀνεκοινώθη ὅτι ὁ ἀρμόδιος ὑπουργὸς θὰ μεταβῇ εἰς τὸ ἐξωτερικὸν διὰ συνομιλίας. Ὁ ἐκπρόσωπος τοῦ ὑπουργείου ἐδήλωσεν ὅτι οὐδεμία ἀπόφασις ἐλήφθη ἀκόμη, ἀλλὰ ἀναμένεται ἀνακοίνωσις ἐντὸς τῶν ἡμερῶν. Αἱ ἀρχαὶ ἔλαβον ἔκτακτα μέτρα διὰ τὴν ἀποκατάστασιν τῆς τάξεως καὶ τὴν ἐξυπηρέτησιν τοῦ κοινοῦ.

ΔΙΑΓΩΝΙΣΜΟΣ ΤΟΥ ΕΟΤ ΔΙΑ ΤΗΝ ΠΡΟΣΕΛΚΥΣΙΝ ΤΟΥΡΙΣΤΙΚΩΝ ΜΟΝΑΔΩΝ

Τὴν ἐπιστολὴν τοῦ ὑπουργείου διεβίβασεν ὁ πρεσβευτὴς τῆς χώρας μετὰ τὴν συνεδρίασιν τοῦ συμβουλίου. Κατὰ τὰς πληροφορίας ἐκ τῆς πρωτευούσης, αἱ συζητήσεις θὰ συνεχισθοῦν κατὰ τὴν προσεχῆ ἑβδομάδα, ἐνῷ ἡ κυβέρνησις ἐξετάζει τὰ ὑποβληθέντα σχέδια. Ἐξ ἄλλου ἀνεκοινώθη ὅτι ὁ ἀρμόδιος ὑπουργὸς θὰ μεταβῇ εἰς τὸ ἐξωτερικὸν διὰ συνομιλίας. Ὁ ἐκπρόσωπος τοῦ ὑπουργείου ἐδήλωσεν ὅτι οὐδεμία ἀπόφασις ἐλήφθη ἀκόμη, ἀλλὰ ἀναμένεται ἀνακοίνωσις ἐντὸς τῶν ἡμερῶν. Αἱ ἀρχαὶ ἔλαβον ἔκτακτα μέτρα διὰ τὴν ἀποκατάστασιν τῆς τάξεως καὶ τὴν ἐξυπηρέτησιν τοῦ κοινοῦ.

Τὴν ἐπιστολὴν τοῦ ὑπουργείου διεβίβασεν ὁ πρεσβευτὴς τῆς χώρας μετὰ τὴν συνεδρίασιν τοῦ συμβουλίου. Κατὰ τὰς πληροφορίας ἐκ τῆς πρωτευούσης, αἱ συζητήσεις θὰ συνεχισθοῦν κατὰ τὴν προσεχῆ ἑβδομάδα, ἐνῷ ἡ κυβέρνησις ἐξετάζει τὰ ὑποβληθέντα σχέδια. Ἐξ ἄλλου ἀνεκοινώθη ὅτι ὁ ἀρμόδιος ὑπουργὸς θὰ μεταβῇ εἰς τὸ ἐξωτερικὸν διὰ συνομιλίας. Ὁ ἐκπρόσωπος τοῦ ὑπουργείου ἐδήλωσεν ὅτι οὐδεμία ἀπόφασις ἐλήφθη ἀκόμη, ἀλλὰ ἀναμένεται ἀνακοίνωσις ἐντὸς τῶν ἡμερῶν. Αἱ ἀρχαὶ ἔλαβον ἔκτακτα μέτρα διὰ τὴν ἀποκατάστασιν τῆς τάξεως καὶ τὴν ἐξυπηρέτησιν τοῦ κοινοῦ.

ΑΙ ΑΚΡΟΑΣΕΙΣ ΤΟΥ ΑΝΤΙΒΑΣΙΛΕΩΣ

Τὴν ἐπιστολὴν τοῦ ὑπουργείου διεβίβασεν ὁ πρεσβευτὴς τῆς χώρας μετὰ τὴν συνεδρίασιν τοῦ συμβουλίου. Κατὰ τὰς πληροφορίας ἐκ τῆς πρωτευούσης, αἱ συζητήσεις θὰ συνεχισθοῦν κατὰ τὴν προσεχῆ ἑβδομάδα, ἐνῷ ἡ κυβέρνησις ἐξετάζει τὰ ὑποβληθέντα σχέδια. Ἐξ ἄλλου ἀνεκοινώθη ὅτι ὁ ἀρμόδιος ὑπουργὸς θὰ μεταβῇ εἰς τὸ ἐξωτερικὸν διὰ συνομιλίας. Ὁ ἐκπρόσωπος τοῦ ὑπουργείου ἐδήλωσεν ὅτι οὐδεμία ἀπόφασις ἐλήφθη ἀκόμη, ἀλλὰ ἀναμένεται ἀνακοίνωσις ἐντὸς τῶν ἡμερῶν. Αἱ ἀρχαὶ ἔλαβον ἔκτακτα μέτρα διὰ τὴν ἀποκατάστασιν τῆς τάξεως καὶ τὴν ἐξυπηρέτησιν τοῦ κοινοῦ.

ΚΟΙΝΟΠΡΑΞΙΑ ΤΩΝ ΠΟΤΟΠΟΙΩΝ

Τὴν ἐπιστολὴν τοῦ ὑπουργείου διεβίβασεν ὁ πρεσβευτὴς τῆς χώρας μετὰ τὴν συνεδρίασιν τοῦ συμβουλίου. Κατὰ τὰς πληροφορίας ἐκ τῆς πρωτευούσης, αἱ συζητήσεις θὰ συνεχισθοῦν κατὰ τὴν προσεχῆ ἑβδομάδα, ἐνῷ ἡ κυβέρνησις ἐξετάζει τὰ ὑποβληθέντα σχέδια. Ἐξ ἄλλου ἀνεκοινώθη ὅτι ὁ ἀρμόδιος ὑπουργὸς θὰ μεταβῇ εἰς τὸ ἐξωτερικὸν διὰ συνομιλίας. Ὁ ἐκπρόσωπος τοῦ ὑπουργείου ἐδήλωσεν ὅτι οὐδεμία ἀπόφασις ἐλήφθη ἀκόμη, ἀλλὰ ἀναμένεται ἀνακοίνωσις ἐντὸς τῶν ἡμερῶν. Αἱ ἀρχαὶ ἔλαβον ἔκτακτα μέτρα διὰ τὴν ἀποκατάστασιν τῆς τάξεως καὶ τὴν ἐξυπηρέτησιν τοῦ κοινοῦ.

ΤΑ ΕΞΟΔΑ ΕΓΚΑΤΑΣΤΑΣΕΩΣ ΓΡΑΜΜΑΤΟΚΙΒΩΤΙΩΝ

Τὴν ἐπιστολὴν τοῦ ὑπουργείου διεβίβασεν ὁ πρεσβευτὴς τῆς χώρας μετὰ τὴν συνεδρίασιν τοῦ συμβουλίου. Κατὰ τὰς πληροφορίας ἐκ τῆς πρωτευούσης, αἱ συζητήσεις θὰ συνεχισθοῦν κατὰ τὴν προσεχῆ ἑβδομάδα, ἐνῷ ἡ κυβέρνησις ἐξετάζει τὰ ὑποβληθέντα σχέδια. Ἐξ ἄλλου ἀνεκοινώθη ὅτι ὁ ἀρμόδιος ὑπουργὸς θὰ μεταβῇ εἰς τὸ ἐξωτερικὸν διὰ συνομιλίας. Ὁ ἐκπρόσωπος τοῦ ὑπουργείου ἐδήλωσεν ὅτι οὐδεμία ἀπόφασις ἐλήφθη ἀκόμη, ἀλλὰ ἀναμένεται ἀνακοίνωσις ἐντὸς τῶν ἡμερῶν. Αἱ ἀρχαὶ ἔλαβον ἔκτακτα μέτρα διὰ τὴν ἀποκατάστασιν τῆς τάξεως καὶ τὴν ἐξυπηρέτησιν τοῦ κοινοῦ.

ΒΙΟΓΡΑΦΙΑ

Τὴν ἐπιστολὴν τοῦ ὑπουργείου διεβίβασεν ὁ πρεσβευτὴς τῆς χώρας μετὰ τὴν συνεδρίασιν τοῦ συμβουλίου. Κατὰ τὰς πληροφορίας ἐκ τῆς πρωτευούσης, αἱ συζητήσεις θὰ συνεχισθοῦν κατὰ τὴν προσεχῆ ἑβδομάδα, ἐνῷ ἡ κυβέρνησις ἐξετάζει τὰ ὑποβληθέντα σχέδια. Ἐξ ἄλλου ἀνεκοινώθη ὅτι ὁ ἀρμόδιος ὑπουργὸς θὰ μεταβῇ εἰς τὸ ἐξωτερικὸν διὰ συνομιλίας. Ὁ ἐκπρόσωπος τοῦ ὑπουργείου ἐδήλωσεν ὅτι οὐδεμία ἀπόφασις ἐλήφθη ἀκόμη, ἀλλὰ ἀναμένεται ἀνακοίνωσις ἐντὸς τῶν ἡμερῶν. Αἱ ἀρχαὶ ἔλαβον ἔκτακτα μέτρα διὰ τὴν ἀποκατάστασιν τῆς τάξεως καὶ τὴν ἐξυπηρέτησιν τοῦ κοινοῦ.

ΠΑΡΑΙΤΗΣΙΣ ΕΠΙΣΚΟΠΩΝ

Τὴν ἐπιστολὴν τοῦ ὑπουργείου διεβίβασεν ὁ πρεσβευτὴς τῆς χώρας μετὰ τὴν συνεδρίασιν τοῦ συμβουλίου. Κατὰ τὰς πληροφορίας ἐκ τῆς πρωτευούσης, αἱ συζητήσεις θὰ συνεχισθοῦν κατὰ τὴν προσεχῆ ἑβδομάδα, ἐνῷ ἡ κυβέρνησις ἐξετάζει τὰ ὑποβληθέντα σχέδια. Ἐξ ἄλλου ἀνεκοινώθη ὅτι ὁ ἀρμόδιος ὑπουργὸς θὰ μεταβῇ εἰς τὸ ἐξωτερικὸν διὰ συνομιλίας. Ὁ ἐκπρόσωπος τοῦ ὑπουργείου ἐδήλωσεν ὅτι οὐδεμία ἀπόφασις ἐλήφθη ἀκόμη, ἀλλὰ ἀναμένεται ἀνακοίνωσις ἐντὸς τῶν ἡμερῶν. Αἱ ἀρχαὶ ἔλαβον ἔκτακτα μέτρα διὰ τὴν ἀποκατάστασιν τῆς τάξεως καὶ τὴν ἐξυπηρέτησιν τοῦ κοινοῦ.

ΕΙΔΙΚΟΣ ΕΚΠΡΟΣΩΠΟΣ ΤΟΥ ΚΑΝΑΔΑ ΜΕΤΑΒΑΙΝΕΙ ΕΙΣ ΤΟ ΑΝΟΪ ΔΙΑ ΚΑΤΑΤΟΠΙΣΤΙΚΑΣ ΣΥΝΟΜΙΛΙΑΣ
Καὶ βολιδοσκόπησιν τῶν προθέσεων τῶν περὶ τῆς ἐνάρξεως διαπραγματεύσεων

Τὴν ἐπιστολὴν τοῦ ὑπουργείου διεβίβασεν ὁ πρεσβευτὴς τῆς χώρας μετὰ τὴν συνεδρίασιν τοῦ συμβουλίου. Κατὰ τὰς πληροφορίας ἐκ τῆς πρωτευούσης, αἱ συζητήσεις θὰ συνεχισθοῦν κατὰ τὴν προσεχῆ ἑβδομάδα, ἐνῷ ἡ κυβέρνησις ἐξετάζει τὰ ὑποβληθέντα σχέδια. Ἐξ ἄλλου ἀνεκοινώθη ὅτι ὁ ἀρμόδιος ὑπουργὸς θὰ μεταβῇ εἰς τὸ ἐξωτερικὸν διὰ συνομιλίας. Ὁ ἐκπρόσωπος τοῦ ὑπουργείου ἐδήλωσεν ὅτι οὐδεμία ἀπόφασις ἐλήφθη ἀκόμη, ἀλλὰ ἀναμένεται ἀνακοίνωσις ἐντὸς τῶν ἡμερῶν. Αἱ ἀρχαὶ ἔλαβον ἔκτακτα μέτρα διὰ τὴν ἀποκατάστασιν τῆς τάξεως καὶ τὴν ἐξυπηρέτησιν τοῦ κοινοῦ.

Τὴν ἐπιστολὴν τοῦ ὑπουργείου διεβίβασεν ὁ πρεσβευτὴς τῆς χώρας μετὰ τὴν συνεδρίασιν τοῦ συμβουλίου. Κατὰ τὰς πληροφορίας ἐκ τῆς πρωτευούσης, αἱ συζητήσεις θὰ συνεχισθοῦν κατὰ τὴν προσεχῆ ἑβδομάδα, ἐνῷ ἡ κυβέρνησις ἐξετάζει τὰ ὑποβληθέντα σχέδια. Ἐξ ἄλλου ἀνεκοινώθη ὅτι ὁ ἀρμόδιος ὑπουργὸς θὰ μεταβῇ εἰς τὸ ἐξωτερικὸν διὰ συνομιλίας. Ὁ ἐκπρόσωπος τοῦ ὑπουργείου ἐδήλωσεν ὅτι οὐδεμία ἀπόφασις ἐλήφθη ἀκόμη, ἀλλὰ ἀναμένεται ἀνακοίνωσις ἐντὸς τῶν ἡμερῶν. Αἱ ἀρχαὶ ἔλαβον ἔκτακτα μέτρα διὰ τὴν ἀποκατάστασιν τῆς τάξεως καὶ τὴν ἐξυπηρέτησιν τοῦ κοινοῦ.

ΣΥΣΤΑΣΕΙΣ ΠΡΟΣ ΤΗΝ ΜΟΣΧΑΝ

Τὴν ἐπιστολὴν τοῦ ὑπουργείου διεβίβασεν ὁ πρεσβευτὴς τῆς χώρας μετὰ τὴν συνεδρίασιν τοῦ συμβουλίου. Κατὰ τὰς πληροφορίας ἐκ τῆς πρωτευούσης, αἱ συζητήσεις θὰ συνεχισθοῦν κατὰ τὴν προσεχῆ ἑβδομάδα, ἐνῷ ἡ κυβέρνησις ἐξετάζει τὰ ὑποβληθέντα σχέδια. Ἐξ ἄλλου ἀνεκοινώθη ὅτι ὁ ἀρμόδιος ὑπουργὸς θὰ μεταβῇ εἰς τὸ ἐξωτερικὸν διὰ συνομιλίας. Ὁ ἐκπρόσωπος τοῦ ὑπουργείου ἐδήλωσεν ὅτι οὐδεμία ἀπόφασις ἐλήφθη ἀκόμη, ἀλλὰ ἀναμένεται ἀνακοίνωσις ἐντὸς τῶν ἡμερῶν. Αἱ ἀρχαὶ ἔλαβον ἔκτακτα μέτρα διὰ τὴν ἀποκατάστασιν τῆς τάξεως καὶ τὴν ἐξυπηρέτησιν τοῦ κοινοῦ.

ΡΩΣΣΙΚΑ ΣΚΩΠΙΑ

Τὴν ἐπιστολὴν τοῦ ὑπουργείου διεβίβασεν ὁ πρεσβευτὴς τῆς χώρας μετὰ τὴν συνεδρίασιν τοῦ συμβουλίου. Κατὰ τὰς πληροφορίας ἐκ τῆς πρωτευούσης, αἱ συζητήσεις θὰ συνεχισθοῦν κατὰ τὴν προσεχῆ ἑβδομάδα, ἐνῷ ἡ κυβέρνησις ἐξετάζει τὰ ὑποβληθέντα σχέδια. Ἐξ ἄλλου ἀνεκοινώθη ὅτι ὁ ἀρμόδιος ὑπουργὸς θὰ μεταβῇ εἰς τὸ ἐξωτερικὸν διὰ συνομιλίας. Ὁ ἐκπρόσωπος τοῦ ὑπουργείου ἐδήλωσεν ὅτι οὐδεμία ἀπόφασις ἐλήφθη ἀκόμη, ἀλλὰ ἀναμένεται ἀνακοίνωσις ἐντὸς τῶν ἡμερῶν. Αἱ ἀρχαὶ ἔλαβον ἔκτακτα μέτρα διὰ τὴν ἀποκατάστασιν τῆς τάξεως καὶ τὴν ἐξυπηρέτησιν τοῦ κοινοῦ.

ΚΑΤΑΓΓΕΛΙΑΙ ΤΗΣ ΚΑΜΠΟΤΖΙΑΣ

Τὴν ἐπιστολὴν τοῦ ὑπουργείου διεβίβασεν ὁ πρεσβευτὴς τῆς χώρας μετὰ τὴν συνεδρίασιν τοῦ συμβουλίου. Κατὰ τὰς πληροφορίας ἐκ τῆς πρωτευούσης, αἱ συζητήσεις θὰ συνεχισθοῦν κατὰ τὴν προσεχῆ ἑβδομάδα, ἐνῷ ἡ κυβέρνησις ἐξετάζει τὰ ὑποβληθέντα σχέδια. Ἐξ ἄλλου ἀνεκοινώθη ὅτι ὁ ἀρμόδιος ὑπουργὸς θὰ μεταβῇ εἰς τὸ ἐξωτερικὸν διὰ συνομιλίας. Ὁ ἐκπρόσωπος τοῦ ὑπουργείου ἐδήλωσεν ὅτι οὐδεμία ἀπόφασις ἐλήφθη ἀκόμη, ἀλλὰ ἀναμένεται ἀνακοίνωσις ἐντὸς τῶν ἡμερῶν. Αἱ ἀρχαὶ ἔλαβον ἔκτακτα μέτρα διὰ τὴν ἀποκατάστασιν τῆς τάξεως καὶ τὴν ἐξυπηρέτησιν τοῦ κοινοῦ.

ΑΙ ΑΠΟΨΕΙΣ ΤΟΥ ΤΙΤΟ

Τὴν ἐπιστολὴν τοῦ ὑπουργείου διεβίβασεν ὁ πρεσβευτὴς τῆς χώρας μετὰ τὴν συνεδρίασιν τοῦ συμβουλίου. Κατὰ τὰς πληροφορίας ἐκ τῆς πρωτευούσης, αἱ συζητήσεις θὰ συνεχισθοῦν κατὰ τὴν προσεχῆ ἑβδομάδα, ἐνῷ ἡ κυβέρνησις ἐξετάζει τὰ ὑποβληθέντα σχέδια. Ἐξ ἄλλου ἀνεκοινώθη ὅτι ὁ ἀρμόδιος ὑπουργὸς θὰ μεταβῇ εἰς τὸ ἐξωτερικὸν διὰ συνομιλίας. Ὁ ἐκπρόσωπος τοῦ ὑπουργείου ἐδήλωσεν ὅτι οὐδεμία ἀπόφασις ἐλήφθη ἀκόμη, ἀλλὰ ἀναμένεται ἀνακοίνωσις ἐντὸς τῶν ἡμερῶν. Αἱ ἀρχαὶ ἔλαβον ἔκτακτα μέτρα διὰ τὴν ἀποκατάστασιν τῆς τάξεως καὶ τὴν ἐξυπηρέτησιν τοῦ κοινοῦ.

ΑΕΡΟΠΛΑΝΑ ΕΙΣ ΛΑΟΣ

Τὴν ἐπιστολὴν τοῦ ὑπουργείου διεβίβασεν ὁ πρεσβευτὴς τῆς χώρας μετὰ τὴν συνεδρίασιν τοῦ συμβουλίου. Κατὰ τὰς πληροφορίας ἐκ τῆς πρωτευούσης, αἱ συζητήσεις θὰ συνεχισθοῦν κατὰ τὴν προσεχῆ ἑβδομάδα, ἐνῷ ἡ κυβέρνησις ἐξετάζει τὰ ὑποβληθέντα σχέδια. Ἐξ ἄλλου ἀνεκοινώθη ὅτι ὁ ἀρμόδιος ὑπουργὸς θὰ μεταβῇ εἰς τὸ ἐξωτερικὸν διὰ συνομιλίας. Ὁ ἐκπρόσωπος τοῦ ὑπουργείου ἐδήλωσεν ὅτι οὐδεμία ἀπόφασις ἐλήφθη ἀκόμη, ἀλλὰ ἀναμένεται ἀνακοίνωσις ἐντὸς τῶν ἡμερῶν. Αἱ ἀρχαὶ ἔλαβον ἔκτακτα μέτρα διὰ τὴν ἀποκατάστασιν τῆς τάξεως καὶ τὴν ἐξυπηρέτησιν τοῦ κοινοῦ.

ΑΝΑΠΟΦΕΥΚΤΟΣ, ΠΙΣΤΕΥΕΙ Η ΑΙΓΥΠΤΟΣ, Η ΕΠΑΝΑΛΗΨΙΣ ΤΩΝ ΣΥΓΚΡΟΥΣΕΩΝ ΣΥΝΕΠΕΙΑ ΤΗΣ ΣΤΑΣΕΩΣ ΤΩΝ ΙΣΡΑΗΛΙΝΩΝ
Τὸ Κάϊρον ἀπέρριψεν ἀσυζητητὶ τὰς προτάσεις εἰρήνης τοῦ Γιάριγκ

Τὴν ἐπιστολὴν τοῦ ὑπουργείου διεβίβασεν ὁ πρεσβευτὴς τῆς χώρας μετὰ τὴν συνεδρίασιν τοῦ συμβουλίου. Κατὰ τὰς πληροφορίας ἐκ τῆς πρωτευούσης, αἱ συζητήσεις θὰ συνεχισθοῦν κατὰ τὴν προσεχῆ ἑβδομάδα, ἐνῷ ἡ κυβέρνησις ἐξετάζει τὰ ὑποβληθέντα σχέδια. Ἐξ ἄλλου ἀνεκοινώθη ὅτι ὁ ἀρμόδιος ὑπουργὸς θὰ μεταβῇ εἰς τὸ ἐξωτερικὸν διὰ συνομιλίας. Ὁ ἐκπρόσωπος τοῦ ὑπουργείου ἐδήλωσεν ὅτι οὐδεμία ἀπόφασις ἐλήφθη ἀκόμη, ἀλλὰ ἀναμένεται ἀνακοίνωσις ἐντὸς τῶν ἡμερῶν. Αἱ ἀρχαὶ ἔλαβον ἔκτακτα μέτρα διὰ τὴν ἀποκατάστασιν τῆς τάξεως καὶ τὴν ἐξυπηρέτησιν τοῦ κοινοῦ.

Τὴν ἐπιστολὴν τοῦ ὑπουργείου διεβίβασεν ὁ πρεσβευτὴς τῆς χώρας μετὰ τὴν συνεδρίασιν τοῦ συμβουλίου. Κατὰ τὰς πληροφορίας ἐκ τῆς πρωτευούσης, αἱ συζητήσεις θὰ συνεχισθοῦν κατὰ τὴν προσεχῆ ἑβδομάδα, ἐνῷ ἡ κυβέρνησις ἐξετάζει τὰ ὑποβληθέντα σχέδια. Ἐξ ἄλλου ἀνεκοινώθη ὅτι ὁ ἀρμόδιος ὑπουργὸς θὰ μεταβῇ εἰς τὸ ἐξωτερικὸν διὰ συνομιλίας. Ὁ ἐκπρόσωπος τοῦ ὑπουργείου ἐδήλωσεν ὅτι οὐδεμία ἀπόφασις ἐλήφθη ἀκόμη, ἀλλὰ ἀναμένεται ἀνακοίνωσις ἐντὸς τῶν ἡμερῶν. Αἱ ἀρχαὶ ἔλαβον ἔκτακτα μέτρα διὰ τὴν ἀποκατάστασιν τῆς τάξεως καὶ τὴν ἐξυπηρέτησιν τοῦ κοινοῦ.

ΔΗΛΩΣΕΙΣ ΤΟΥ ΤΙΤΟ

Τὴν ἐπιστολὴν τοῦ ὑπουργείου διεβίβασεν ὁ πρεσβευτὴς τῆς χώρας μετὰ τὴν συνεδρίασιν τοῦ συμβουλίου. Κατὰ τὰς πληροφορίας ἐκ τῆς πρωτευούσης, αἱ συζητήσεις θὰ συνεχισθοῦν κατὰ τὴν προσεχῆ ἑβδομάδα, ἐνῷ ἡ κυβέρνησις ἐξετάζει τὰ ὑποβληθέντα σχέδια. Ἐξ ἄλλου ἀνεκοινώθη ὅτι ὁ ἀρμόδιος ὑπουργὸς θὰ μεταβῇ εἰς τὸ ἐξωτερικὸν διὰ συνομιλίας. Ὁ ἐκπρόσωπος τοῦ ὑπουργείου ἐδήλωσεν ὅτι οὐδεμία ἀπόφασις ἐλήφθη ἀκόμη, ἀλλὰ ἀναμένεται ἀνακοίνωσις ἐντὸς τῶν ἡμερῶν. Αἱ ἀρχαὶ ἔλαβον ἔκτακτα μέτρα διὰ τὴν ἀποκατάστασιν τῆς τάξεως καὶ τὴν ἐξυπηρέτησιν τοῦ κοινοῦ.

ΑΡΝΕΙΤΑΙ Η ΑΙΓΥΠΤΟΣ

Τὴν ἐπιστολὴν τοῦ ὑπουργείου διεβίβασεν ὁ πρεσβευτὴς τῆς χώρας μετὰ τὴν συνεδρίασιν τοῦ συμβουλίου. Κατὰ τὰς πληροφορίας ἐκ τῆς πρωτευούσης, αἱ συζητήσεις θὰ συνεχισθοῦν κατὰ τὴν προσεχῆ ἑβδομάδα, ἐνῷ ἡ κυβέρνησις ἐξετάζει τὰ ὑποβληθέντα σχέδια. Ἐξ ἄλλου ἀνεκοινώθη ὅτι ὁ ἀρμόδιος ὑπουργὸς θὰ μεταβῇ εἰς τὸ ἐξωτερικὸν διὰ συνομιλίας. Ὁ ἐκπρόσωπος τοῦ ὑπουργείου ἐδήλωσεν ὅτι οὐδεμία ἀπόφασις ἐλήφθη ἀκόμη, ἀλλὰ ἀναμένεται ἀνακοίνωσις ἐντὸς τῶν ἡμερῶν. Αἱ ἀρχαὶ ἔλαβον ἔκτακτα μέτρα διὰ τὴν ἀποκατάστασιν τῆς τάξεως καὶ τὴν ἐξυπηρέτησιν τοῦ κοινοῦ.

Ο ΚΙΝΔΥΝΟΣ ΠΟΛΕΜΟΥ

Τὴν ἐπιστολὴν τοῦ ὑπουργείου διεβίβασεν ὁ πρεσβευτὴς τῆς χώρας μετὰ τὴν συνεδρίασιν τοῦ συμβουλίου. Κατὰ τὰς πληροφορίας ἐκ τῆς πρωτευούσης, αἱ συζητήσεις θὰ συνεχισθοῦν κατὰ τὴν προσεχῆ ἑβδομάδα, ἐνῷ ἡ κυβέρνησις ἐξετάζει τὰ ὑποβληθέντα σχέδια. Ἐξ ἄλλου ἀνεκοινώθη ὅτι ὁ ἀρμόδιος ὑπουργὸς θὰ μεταβῇ εἰς τὸ ἐξωτερικὸν διὰ συνομιλίας. Ὁ ἐκπρόσωπος τοῦ ὑπουργείου ἐδήλωσεν ὅτι οὐδεμία ἀπόφασις ἐλήφθη ἀκόμη, ἀλλὰ ἀναμένεται ἀνακοίνωσις ἐντὸς τῶν ἡμερῶν. Αἱ ἀρχαὶ ἔλαβον ἔκτακτα μέτρα διὰ τὴν ἀποκατάστασιν τῆς τάξεως καὶ τὴν ἐξυπηρέτησιν τοῦ κοινοῦ.

ΑΙ ΣΥΝΟΜΙΛΙΑΙ ΤΟΥ ΕΛΟΥ

Τὴν ἐπιστολὴν τοῦ ὑπουργείου διεβίβασεν ὁ πρεσβευτὴς τῆς χώρας μετὰ τὴν συνεδρίασιν τοῦ συμβουλίου. Κατὰ τὰς πληροφορίας ἐκ τῆς πρωτευούσης, αἱ συζητήσεις θὰ συνεχισθοῦν κατὰ τὴν προσεχῆ ἑβδομάδα, ἐνῷ ἡ κυβέρνησις ἐξετάζει τὰ ὑποβληθέντα σχέδια. Ἐξ ἄλλου ἀνεκοινώθη ὅτι ὁ ἀρμόδιος ὑπουργὸς θὰ μεταβῇ εἰς τὸ ἐξωτερικὸν διὰ συνομιλίας. Ὁ ἐκπρόσωπος τοῦ ὑπουργείου ἐδήλωσεν ὅτι οὐδεμία ἀπόφασις ἐλήφθη ἀκόμη, ἀλλὰ ἀναμένεται ἀνακοίνωσις ἐντὸς τῶν ἡμερῶν. Αἱ ἀρχαὶ ἔλαβον ἔκτακτα μέτρα διὰ τὴν ἀποκατάστασιν τῆς τάξεως καὶ τὴν ἐξυπηρέτησιν τοῦ κοινοῦ.

ΠΡΟΣ ΤΟΝ ΝΤΕ ΓΚΩΛ

Τὴν ἐπιστολὴν τοῦ ὑπουργείου διεβίβασεν ὁ πρεσβευτὴς τῆς χώρας μετὰ τὴν συνεδρίασιν τοῦ συμβουλίου. Κατὰ τὰς πληροφορίας ἐκ τῆς πρωτευούσης, αἱ συζητήσεις θὰ συνεχισθοῦν κατὰ τὴν προσεχῆ ἑβδομάδα, ἐνῷ ἡ κυβέρνησις ἐξετάζει τὰ ὑποβληθέντα σχέδια. Ἐξ ἄλλου ἀνεκοινώθη ὅτι ὁ ἀρμόδιος ὑπουργὸς θὰ μεταβῇ εἰς τὸ ἐξωτερικὸν διὰ συνομιλίας. Ὁ ἐκπρόσωπος τοῦ ὑπουργείου ἐδήλωσεν ὅτι οὐδεμία ἀπόφασις ἐλήφθη ἀκόμη, ἀλλὰ ἀναμένεται ἀνακοίνωσις ἐντὸς τῶν ἡμερῶν. Αἱ ἀρχαὶ ἔλαβον ἔκτακτα μέτρα διὰ τὴν ἀποκατάστασιν τῆς τάξεως καὶ τὴν ἐξυπηρέτησιν τοῦ κοινοῦ.

Ο ΠΑΠΑΣ ΘΕΩΡΕΙ ΑΓΕΦΥΡΩΤΟΝ ΤΟ ΧΑΣΜΑ ΜΕΤΑΞΥ ΠΛΟΥΣΙΩΝ ΚΑΙ ΠΤΩΧΩΝ ΚΡΑΤΩΝ

Τὴν ἐπιστολὴν τοῦ ὑπουργείου διεβίβασεν ὁ πρεσβευτὴς τῆς χώρας μετὰ τὴν συνεδρίασιν τοῦ συμβουλίου. Κατὰ τὰς πληροφορίας ἐκ τῆς πρωτευούσης, αἱ συζητήσεις θὰ συνεχισθοῦν κατὰ τὴν προσεχῆ ἑβδομάδα, ἐνῷ ἡ κυβέρνησις ἐξετάζει τὰ ὑποβληθέντα σχέδια. Ἐξ ἄλλου ἀνεκοινώθη ὅτι ὁ ἀρμόδιος ὑπουργὸς θὰ μεταβῇ εἰς τὸ ἐξωτερικὸν διὰ συνομιλίας. Ὁ ἐκπρόσωπος τοῦ ὑπουργείου ἐδήλωσεν ὅτι οὐδεμία ἀπόφασις ἐλήφθη ἀκόμη, ἀλλὰ ἀναμένεται ἀνακοίνωσις ἐντὸς τῶν ἡμερῶν. Αἱ ἀρχαὶ ἔλαβον ἔκτακτα μέτρα διὰ τὴν ἀποκατάστασιν τῆς τάξεως καὶ τὴν ἐξυπηρέτησιν τοῦ κοινοῦ.

Τὴν ἐπιστολὴν τοῦ ὑπουργείου διεβίβασεν ὁ πρεσβευτὴς τῆς χώρας μετὰ τὴν συνεδρίασιν τοῦ συμβουλίου. Κατὰ τὰς πληροφορίας ἐκ τῆς πρωτευούσης, αἱ συζητήσεις θὰ συνεχισθοῦν κατὰ τὴν προσεχῆ ἑβδομάδα, ἐνῷ ἡ κυβέρνησις ἐξετάζει τὰ ὑποβληθέντα σχέδια. Ἐξ ἄλλου ἀνεκοινώθη ὅτι ὁ ἀρμόδιος ὑπουργὸς θὰ μεταβῇ εἰς τὸ ἐξωτερικὸν διὰ συνομιλίας. Ὁ ἐκπρόσωπος τοῦ ὑπουργείου ἐδήλωσεν ὅτι οὐδεμία ἀπόφασις ἐλήφθη ἀκόμη, ἀλλὰ ἀναμένεται ἀνακοίνωσις ἐντὸς τῶν ἡμερῶν. Αἱ ἀρχαὶ ἔλαβον ἔκτακτα μέτρα διὰ τὴν ἀποκατάστασιν τῆς τάξεως καὶ τὴν ἐξυπηρέτησιν τοῦ κοινοῦ.

Τὴν ἐπιστολὴν τοῦ ὑπουργείου διεβίβασεν ὁ πρεσβευτὴς τῆς χώρας μετὰ τὴν συνεδρίασιν τοῦ συμβουλίου. Κατὰ τὰς πληροφορίας ἐκ τῆς πρωτευούσης, αἱ συζητήσεις θὰ συνεχισθοῦν κατὰ τὴν προσεχῆ ἑβδομάδα, ἐνῷ ἡ κυβέρνησις ἐξετάζει τὰ ὑποβληθέντα σχέδια. Ἐξ ἄλλου ἀνεκοινώθη ὅτι ὁ ἀρμόδιος ὑπουργὸς θὰ μεταβῇ εἰς τὸ ἐξωτερικὸν διὰ συνομιλίας. Ὁ ἐκπρόσωπος τοῦ ὑπουργείου ἐδήλωσεν ὅτι οὐδεμία ἀπόφασις ἐλήφθη ἀκόμη, ἀλλὰ ἀναμένεται ἀνακοίνωσις ἐντὸς τῶν ἡμερῶν. Αἱ ἀρχαὶ ἔλαβον ἔκτακτα μέτρα διὰ τὴν ἀποκατάστασιν τῆς τάξεως καὶ τὴν ἐξυπηρέτησιν τοῦ κοινοῦ.

ΤΕΡΑΣΤΙΑ ΕΙΝΑΙ Η ΠΕΙΡΑ ΤΟΥ κ. ΚΛΗΦΦΟΡΝΤ ΕΙΣ ΤΑ ΖΗΤΗΜΑΤΑ ΑΜΥΝΗΣ ΗΝΩΜ. ΠΟΛΙΤΕΙΩΝ
ΣΥΝΕΧΕΙΑ

Τὴν ἐπιστολὴν τοῦ ὑπουργείου διεβίβασεν ὁ πρεσβευτὴς τῆς χώρας μετὰ τὴν συνεδρίασιν τοῦ συμβουλίου. Κατὰ τὰς πληροφορίας ἐκ τῆς πρωτευούσης, αἱ συζητήσεις θὰ συνεχισθοῦν κατὰ τὴν προσεχῆ ἑβδομάδα, ἐνῷ ἡ κυβέρνησις ἐξετάζει τὰ ὑποβληθέντα σχέδια. Ἐξ ἄλλου ἀνεκοινώθη ὅτι ὁ ἀρμόδιος ὑπουργὸς θὰ μεταβῇ εἰς τὸ ἐξωτερικὸν διὰ συνομιλίας. Ὁ ἐκπρόσωπος τοῦ ὑπουργείου ἐδήλωσεν ὅτι οὐδεμία ἀπόφασις ἐλήφθη ἀκόμη, ἀλλὰ ἀναμένεται ἀνακοίνωσις ἐντὸς τῶν ἡμερῶν. Αἱ ἀρχαὶ ἔλαβον ἔκτακτα μέτρα διὰ τὴν ἀποκατάστασιν τῆς τάξεως καὶ τὴν ἐξυπηρέτησιν τοῦ κοινοῦ.

Τὴν ἐπιστολὴν τοῦ ὑπουργείου διεβίβασεν ὁ πρεσβευτὴς τῆς χώρας μετὰ τὴν συνεδρίασιν τοῦ συμβουλίου. Κατὰ τὰς πληροφορίας ἐκ τῆς πρωτευούσης, αἱ συζητήσεις θὰ συνεχισθοῦν κατὰ τὴν προσεχῆ ἑβδομάδα, ἐνῷ ἡ κυβέρνησις ἐξετάζει τὰ ὑποβληθέντα σχέδια. Ἐξ ἄλλου ἀνεκοινώθη ὅτι ὁ ἀρμόδιος ὑπουργὸς θὰ μεταβῇ εἰς τὸ ἐξωτερικὸν διὰ συνομιλίας. Ὁ ἐκπρόσωπος τοῦ ὑπουργείου ἐδήλωσεν ὅτι οὐδεμία ἀπόφασις ἐλήφθη ἀκόμη, ἀλλὰ ἀναμένεται ἀνακοίνωσις ἐντὸς τῶν ἡμερῶν. Αἱ ἀρχαὶ ἔλαβον ἔκτακτα μέτρα διὰ τὴν ἀποκατάστασιν τῆς τάξεως καὶ τὴν ἐξυπηρέτησιν τοῦ κοινοῦ.

Τὴν ἐπιστολὴν τοῦ ὑπουργείου διεβίβασεν ὁ πρεσβευτὴς τῆς χώρας μετὰ τὴν συνεδρίασιν τοῦ συμβουλίου. Κατὰ τὰς πληροφορίας ἐκ τῆς πρωτευούσης, αἱ συζητήσεις θὰ συνεχισθοῦν κατὰ τὴν προσεχῆ ἑβδομάδα, ἐνῷ ἡ κυβέρνησις ἐξετάζει τὰ ὑποβληθέντα σχέδια. Ἐξ ἄλλου ἀνεκοινώθη ὅτι ὁ ἀρμόδιος ὑπουργὸς θὰ μεταβῇ εἰς τὸ ἐξωτερικὸν διὰ συνομιλίας. Ὁ ἐκπρόσωπος τοῦ ὑπουργείου ἐδήλωσεν ὅτι οὐδεμία ἀπόφασις ἐλήφθη ἀκόμη, ἀλλὰ ἀναμένεται ἀνακοίνωσις ἐντὸς τῶν ἡμερῶν. Αἱ ἀρχαὶ ἔλαβον ἔκτακτα μέτρα διὰ τὴν ἀποκατάστασιν τῆς τάξεως καὶ τὴν ἐξυπηρέτησιν τοῦ κοινοῦ.

Τὴν ἐπιστολὴν τοῦ ὑπουργείου διεβίβασεν ὁ πρεσβευτὴς τῆς χώρας μετὰ τὴν συνεδρίασιν τοῦ συμβουλίου. Κατὰ τὰς πληροφορίας ἐκ τῆς πρωτευούσης, αἱ συζητήσεις θὰ συνεχισθοῦν κατὰ τὴν προσεχῆ ἑβδομάδα, ἐνῷ ἡ κυβέρνησις ἐξετάζει τὰ ὑποβληθέντα σχέδια. Ἐξ ἄλλου ἀνεκοινώθη ὅτι ὁ ἀρμόδιος ὑπουργὸς θὰ μεταβῇ εἰς τὸ ἐξωτερικὸν διὰ συνομιλίας. Ὁ ἐκπρόσωπος τοῦ ὑπουργείου ἐδήλωσεν ὅτι οὐδεμία ἀπόφασις ἐλήφθη ἀκόμη, ἀλλὰ ἀναμένεται ἀνακοίνωσις ἐντὸς τῶν ἡμερῶν. Αἱ ἀρχαὶ ἔλαβον ἔκτακτα μέτρα διὰ τὴν ἀποκατάστασιν τῆς τάξεως καὶ τὴν ἐξυπηρέτησιν τοῦ κοινοῦ.

Ο ΡΙΑΝΤ ΕΙΣ ΔΑΜΑΣΚΟΝ

Τὴν ἐπιστολὴν τοῦ ὑπουργείου διεβίβασεν ὁ πρεσβευτὴς τῆς χώρας μετὰ τὴν συνεδρίασιν τοῦ συμβουλίου. Κατὰ τὰς πληροφορίας ἐκ τῆς πρωτευούσης, αἱ συζητήσεις θὰ συνεχισθοῦν κατὰ τὴν προσεχῆ ἑβδομάδα, ἐνῷ ἡ κυβέρνησις ἐξετάζει τὰ ὑποβληθέντα σχέδια. Ἐξ ἄλλου ἀνεκοινώθη ὅτι ὁ ἀρμόδιος ὑπουργὸς θὰ μεταβῇ εἰς τὸ ἐξωτερικὸν διὰ συνομιλίας. Ὁ ἐκπρόσωπος τοῦ ὑπουργείου ἐδήλωσεν ὅτι οὐδεμία ἀπόφασις ἐλήφθη ἀκόμη, ἀλλὰ ἀναμένεται ἀνακοίνωσις ἐντὸς τῶν ἡμερῶν. Αἱ ἀρχαὶ ἔλαβον ἔκτακτα μέτρα διὰ τὴν ἀποκατάστασιν τῆς τάξεως καὶ τὴν ἐξυπηρέτησιν τοῦ κοινοῦ.

Ο ΕΠΑΝΑΠΑΤΡΙΣΜΟΣ

Τὴν ἐπιστολὴν τοῦ ὑπουργείου διεβίβασεν ὁ πρεσβευτὴς τῆς χώρας μετὰ τὴν συνεδρίασιν τοῦ συμβουλίου. Κατὰ τὰς πληροφορίας ἐκ τῆς πρωτευούσης, αἱ συζητήσεις θὰ συνεχισθοῦν κατὰ τὴν προσεχῆ ἑβδομάδα, ἐνῷ ἡ κυβέρνησις ἐξετάζει τὰ ὑποβληθέντα σχέδια. Ἐξ ἄλλου ἀνεκοινώθη ὅτι ὁ ἀρμόδιος ὑπουργὸς θὰ μεταβῇ εἰς τὸ ἐξωτερικὸν διὰ συνομιλίας. Ὁ ἐκπρόσωπος τοῦ ὑπουργείου ἐδήλωσεν ὅτι οὐδεμία ἀπόφασις ἐλήφθη ἀκόμη, ἀλλὰ ἀναμένεται ἀνακοίνωσις ἐντὸς τῶν ἡμερῶν. Αἱ ἀρχαὶ ἔλαβον ἔκτακτα μέτρα διὰ τὴν ἀποκατάστασιν τῆς τάξεως καὶ τὴν ἐξυπηρέτησιν τοῦ κοινοῦ.

ΕΠΕΣΤΡΕΨΕΝ Ο ΕΣΚΟΛ

Τὴν ἐπιστολὴν τοῦ ὑπουργείου διεβίβασεν ὁ πρεσβευτὴς τῆς χώρας μετὰ τὴν συνεδρίασιν τοῦ συμβουλίου. Κατὰ τὰς πληροφορίας ἐκ τῆς πρωτευούσης, αἱ συζητήσεις θὰ συνεχισθοῦν κατὰ τὴν προσεχῆ ἑβδομάδα, ἐνῷ ἡ κυβέρνησις ἐξετάζει τὰ ὑποβληθέντα σχέδια. Ἐξ ἄλλου ἀνεκοινώθη ὅτι ὁ ἀρμόδιος ὑπουργὸς θὰ μεταβῇ εἰς τὸ ἐξωτερικὸν διὰ συνομιλίας. Ὁ ἐκπρόσωπος τοῦ ὑπουργείου ἐδήλωσεν ὅτι οὐδεμία ἀπόφασις ἐλήφθη ἀκόμη, ἀλλὰ ἀναμένεται ἀνακοίνωσις ἐντὸς τῶν ἡμερῶν. Αἱ ἀρχαὶ ἔλαβον ἔκτακτα μέτρα διὰ τὴν ἀποκατάστασιν τῆς τάξεως καὶ τὴν ἐξυπηρέτησιν τοῦ κοινοῦ.

ΕΠΙΔΡΟΜΗ Η ΔΙΑΣΙΑ

Τὴν ἐπιστολὴν τοῦ ὑπουργείου διεβίβασεν ὁ πρεσβευτὴς τῆς χώρας μετὰ τὴν συνεδρίασιν τοῦ συμβουλίου. Κατὰ τὰς πληροφορίας ἐκ τῆς πρωτευούσης, αἱ συζητήσεις θὰ συνεχισθοῦν κατὰ τὴν προσεχῆ ἑβδομάδα, ἐνῷ ἡ κυβέρνησις ἐξετάζει τὰ ὑποβληθέντα σχέδια. Ἐξ ἄλλου ἀνεκοινώθη ὅτι ὁ ἀρμόδιος ὑπουργὸς θὰ μεταβῇ εἰς τὸ ἐξωτερικὸν διὰ συνομιλίας. Ὁ ἐκπρόσωπος τοῦ ὑπουργείου ἐδήλωσεν ὅτι οὐδεμία ἀπόφασις ἐλήφθη ἀκόμη, ἀλλὰ ἀναμένεται ἀνακοίνωσις ἐντὸς τῶν ἡμερῶν. Αἱ ἀρχαὶ ἔλαβον ἔκτακτα μέτρα διὰ τὴν ἀποκατάστασιν τῆς τάξεως καὶ τὴν ἐξυπηρέτησιν τοῦ κοινοῦ.

ΔΙΑΛΥΣΕΙ Η ΒΟΝΝΗ

Τὴν ἐπιστολὴν τοῦ ὑπουργείου διεβίβασεν ὁ πρεσβευτὴς τῆς χώρας μετὰ τὴν συνεδρίασιν τοῦ συμβουλίου. Κατὰ τὰς πληροφορίας ἐκ τῆς πρωτευούσης, αἱ συζητήσεις θὰ συνεχισθοῦν κατὰ τὴν προσεχῆ ἑβδομάδα, ἐνῷ ἡ κυβέρνησις ἐξετάζει τὰ ὑποβληθέντα σχέδια. Ἐξ ἄλλου ἀνεκοινώθη ὅτι ὁ ἀρμόδιος ὑπουργὸς θὰ μεταβῇ εἰς τὸ ἐξωτερικὸν διὰ συνομιλίας. Ὁ ἐκπρόσωπος τοῦ ὑπουργείου ἐδήλωσεν ὅτι οὐδεμία ἀπόφασις ἐλήφθη ἀκόμη, ἀλλὰ ἀναμένεται ἀνακοίνωσις ἐντὸς τῶν ἡμερῶν. Αἱ ἀρχαὶ ἔλαβον ἔκτακτα μέτρα διὰ τὴν ἀποκατάστασιν τῆς τάξεως καὶ τὴν ἐξυπηρέτησιν τοῦ κοινοῦ.

ΕΚΤΑΚΤΑ ΜΕΤΡΑ ΕΙΣ ΓΑΖΑΝ

Τὴν ἐπιστολὴν τοῦ ὑπουργείου διεβίβασεν ὁ πρεσβευτὴς τῆς χώρας μετὰ τὴν συνεδρίασιν τοῦ συμβουλίου. Κατὰ τὰς πληροφορίας ἐκ τῆς πρωτευούσης, αἱ συζητήσεις θὰ συνεχισθοῦν κατὰ τὴν προσεχῆ ἑβδομάδα, ἐνῷ ἡ κυβέρνησις ἐξετάζει τὰ ὑποβληθέντα σχέδια. Ἐξ ἄλλου ἀνεκοινώθη ὅτι ὁ ἀρμόδιος ὑπουργὸς θὰ μεταβῇ εἰς τὸ ἐξωτερικὸν διὰ συνομιλίας. Ὁ ἐκπρόσωπος τοῦ ὑπουργείου ἐδήλωσεν ὅτι οὐδεμία ἀπόφασις ἐλήφθη ἀκόμη, ἀλλὰ ἀναμένεται ἀνακοίνωσις ἐντὸς τῶν ἡμερῶν. Αἱ ἀρχαὶ ἔλαβον ἔκτακτα μέτρα διὰ τὴν ἀποκατάστασιν τῆς τάξεως καὶ τὴν ἐξυπηρέτησιν τοῦ κοινοῦ.

Ρῶσσοι ἐπανδρώνουν καὶ τὸν Νιαγιὰν μονάδας τῆς Αἰγύπτου
«ΕΑΝ ΕΚΡΑΓΗ ΝΕΟΣ ΠΟΛΕΜΟΣ ΕΙΣ ΜΕΣΗΝ ΑΝΑΤΟΛΗΝ, ΤΟΝΙΖΕΙ ΘΑ ΤΟΝ ΑΠΟΦΑΣΙΣΗ Η ΜΟΣΧΑ»

Τὴν ἐπιστολὴν τοῦ ὑπουργείου διεβίβασεν ὁ πρεσβευτὴς τῆς χώρας μετὰ τὴν συνεδρίασιν τοῦ συμβουλίου. Κατὰ τὰς πληροφορίας ἐκ τῆς πρωτευούσης, αἱ συζητήσεις θὰ συνεχισθοῦν κατὰ τὴν προσεχῆ ἑβδομάδα, ἐνῷ ἡ κυβέρνησις ἐξετάζει τὰ ὑποβληθέντα σχέδια. Ἐξ ἄλλου ἀνεκοινώθη ὅτι ὁ ἀρμόδιος ὑπουργὸς θὰ μεταβῇ εἰς τὸ ἐξωτερικὸν διὰ συνομιλίας. Ὁ ἐκπρόσωπος τοῦ ὑπουργείου ἐδήλωσεν ὅτι οὐδεμία ἀπόφασις ἐλήφθη ἀκόμη, ἀλλὰ ἀναμένεται ἀνακοίνωσις ἐντὸς τῶν ἡμερῶν. Αἱ ἀρχαὶ ἔλαβον ἔκτακτα μέτρα διὰ τὴν ἀποκατάστασιν τῆς τάξεως καὶ τὴν ἐξυπηρέτησιν τοῦ κοινοῦ.

Τὴν ἐπιστολὴν τοῦ ὑπουργείου διεβίβασεν ὁ πρεσβευτὴς τῆς χώρας μετὰ τὴν συνεδρίασιν τοῦ συμβουλίου. Κατὰ τὰς πληροφορίας ἐκ τῆς πρωτευούσης, αἱ συζητήσεις θὰ συνεχισθοῦν κατὰ τὴν προσεχῆ ἑβδομάδα, ἐνῷ ἡ κυβέρνησις ἐξετάζει τὰ ὑποβληθέντα σχέδια. Ἐξ ἄλλου ἀνεκοινώθη ὅτι ὁ ἀρμόδιος ὑπουργὸς θὰ μεταβῇ εἰς τὸ ἐξωτερικὸν διὰ συνομιλίας. Ὁ ἐκπρόσωπος τοῦ ὑπουργείου ἐδήλωσεν ὅτι οὐδεμία ἀπόφασις ἐλήφθη ἀκόμη, ἀλλὰ ἀναμένεται ἀνακοίνωσις ἐντὸς τῶν ἡμερῶν. Αἱ ἀρχαὶ ἔλαβον ἔκτακτα μέτρα διὰ τὴν ἀποκατάστασιν τῆς τάξεως καὶ τὴν ἐξυπηρέτησιν τοῦ κοινοῦ.

Τὴν ἐπιστολὴν τοῦ ὑπουργείου διεβίβασεν ὁ πρεσβευτὴς τῆς χώρας μετὰ τὴν συνεδρίασιν τοῦ συμβουλίου. Κατὰ τὰς πληροφορίας ἐκ τῆς πρωτευούσης, αἱ συζητήσεις θὰ συνεχισθοῦν κατὰ τὴν προσεχῆ ἑβδομάδα, ἐνῷ ἡ κυβέρνησις ἐξετάζει τὰ ὑποβληθέντα σχέδια. Ἐξ ἄλλου ἀνεκοινώθη ὅτι ὁ ἀρμόδιος ὑπουργὸς θὰ μεταβῇ εἰς τὸ ἐξωτερικὸν διὰ συνομιλίας. Ὁ ἐκπρόσωπος τοῦ ὑπουργείου ἐδήλωσεν ὅτι οὐδεμία ἀπόφασις ἐλήφθη ἀκόμη, ἀλλὰ ἀναμένεται ἀνακοίνωσις ἐντὸς τῶν ἡμερῶν. Αἱ ἀρχαὶ ἔλαβον ἔκτακτα μέτρα διὰ τὴν ἀποκατάστασιν τῆς τάξεως καὶ τὴν ἐξυπηρέτησιν τοῦ κοινοῦ.

Τὴν ἐπιστολὴν τοῦ ὑπουργείου διεβίβασεν ὁ πρεσβευτὴς τῆς χώρας μετὰ τὴν συνεδρίασιν τοῦ συμβουλίου. Κατὰ τὰς πληροφορίας ἐκ τῆς πρωτευούσης, αἱ συζητήσεις θὰ συνεχισθοῦν κατὰ τὴν προσεχῆ ἑβδομάδα, ἐνῷ ἡ κυβέρνησις ἐξετάζει τὰ ὑποβληθέντα σχέδια. Ἐξ ἄλλου ἀνεκοινώθη ὅτι ὁ ἀρμόδιος ὑπουργὸς θὰ μεταβῇ εἰς τὸ ἐξωτερικὸν διὰ συνομιλίας. Ὁ ἐκπρόσωπος τοῦ ὑπουργείου ἐδήλωσεν ὅτι οὐδεμία ἀπόφασις ἐλήφθη ἀκόμη, ἀλλὰ ἀναμένεται ἀνακοίνωσις ἐντὸς τῶν ἡμερῶν. Αἱ ἀρχαὶ ἔλαβον ἔκτακτα μέτρα διὰ τὴν ἀποκατάστασιν τῆς τάξεως καὶ τὴν ἐξυπηρέτησιν τοῦ κοινοῦ.

Η ΠΑΡΘΕΝΙΚΗ ΠΤΗΣΙΣ ΤΟΥ 'ΚΟΝΚΟΡΝΤ' ΑΝΕΒΛΗΘΗ ΔΙΟΤΙ ΔΕΝ ΚΑΤΕΣΚΕΥΑΣΘΗΣΑΝ ΑΙ ΜΗΧΑΝΑΙ ΤΗΣ
ΔΕΝ ΥΠΑΡΧΕΙ ΘΕΜΑ ΑΝΤΙΔΡΑΣΕΩΣ ΤΟΥ ΒΡΕΤΑΝΝΙΚΟΥ

Τὴν ἐπιστολὴν τοῦ ὑπουργείου διεβίβασεν ὁ πρεσβευτὴς τῆς χώρας μετὰ τὴν συνεδρίασιν τοῦ συμβουλίου. Κατὰ τὰς πληροφορίας ἐκ τῆς πρωτευούσης, αἱ συζητήσεις θὰ συνεχισθοῦν κατὰ τὴν προσεχῆ ἑβδομάδα, ἐνῷ ἡ κυβέρνησις ἐξετάζει τὰ ὑποβληθέντα σχέδια. Ἐξ ἄλλου ἀνεκοινώθη ὅτι ὁ ἀρμόδιος ὑπουργὸς θὰ μεταβῇ εἰς τὸ ἐξωτερικὸν διὰ συνομιλίας. Ὁ ἐκπρόσωπος τοῦ ὑπουργείου ἐδήλωσεν ὅτι οὐδεμία ἀπόφασις ἐλήφθη ἀκόμη, ἀλλὰ ἀναμένεται ἀνακοίνωσις ἐντὸς τῶν ἡμερῶν. Αἱ ἀρχαὶ ἔλαβον ἔκτακτα μέτρα διὰ τὴν ἀποκατάστασιν τῆς τάξεως καὶ τὴν ἐξυπηρέτησιν τοῦ κοινοῦ.

Τὴν ἐπιστολὴν τοῦ ὑπουργείου διεβίβασεν ὁ πρεσβευτὴς τῆς χώρας μετὰ τὴν συνεδρίασιν τοῦ συμβουλίου. Κατὰ τὰς πληροφορίας ἐκ τῆς πρωτευούσης, αἱ συζητήσεις θὰ συνεχισθοῦν κατὰ τὴν προσεχῆ ἑβδομάδα, ἐνῷ ἡ κυβέρνησις ἐξετάζει τὰ ὑποβληθέντα σχέδια. Ἐξ ἄλλου ἀνεκοινώθη ὅτι ὁ ἀρμόδιος ὑπουργὸς θὰ μεταβῇ εἰς τὸ ἐξωτερικὸν διὰ συνομιλίας. Ὁ ἐκπρόσωπος τοῦ ὑπουργείου ἐδήλωσεν ὅτι οὐδεμία ἀπόφασις ἐλήφθη ἀκόμη, ἀλλὰ ἀναμένεται ἀνακοίνωσις ἐντὸς τῶν ἡμερῶν. Αἱ ἀρχαὶ ἔλαβον ἔκτακτα μέτρα διὰ τὴν ἀποκατάστασιν τῆς τάξεως καὶ τὴν ἐξυπηρέτησιν τοῦ κοινοῦ.

Τὴν ἐπιστολὴν τοῦ ὑπουργείου διεβίβασεν ὁ πρεσβευτὴς τῆς χώρας μετὰ τὴν συνεδρίασιν τοῦ συμβουλίου. Κατὰ τὰς πληροφορίας ἐκ τῆς πρωτευούσης, αἱ συζητήσεις θὰ συνεχισθοῦν κατὰ τὴν προσεχῆ ἑβδομάδα, ἐνῷ ἡ κυβέρνησις ἐξετάζει τὰ ὑποβληθέντα σχέδια. Ἐξ ἄλλου ἀνεκοινώθη ὅτι ὁ ἀρμόδιος ὑπουργὸς θὰ μεταβῇ εἰς τὸ ἐξωτερικὸν διὰ συνομιλίας. Ὁ ἐκπρόσωπος τοῦ ὑπουργείου ἐδήλωσεν ὅτι οὐδεμία ἀπόφασις ἐλήφθη ἀκόμη, ἀλλὰ ἀναμένεται ἀνακοίνωσις ἐντὸς τῶν ἡμερῶν. Αἱ ἀρχαὶ ἔλαβον ἔκτακτα μέτρα διὰ τὴν ἀποκατάστασιν τῆς τάξεως καὶ τὴν ἐξυπηρέτησιν τοῦ κοινοῦ.

Τὴν ἐπιστολὴν τοῦ ὑπουργείου διεβίβασεν ὁ πρεσβευτὴς τῆς χώρας μετὰ τὴν συνεδρίασιν τοῦ συμβουλίου. Κατὰ τὰς πληροφορίας ἐκ τῆς πρωτευούσης, αἱ συζητήσεις θὰ συνεχισθοῦν κατὰ τὴν προσεχῆ ἑβδομάδα, ἐνῷ ἡ κυβέρνησις ἐξετάζει τὰ ὑποβληθέντα σχέδια. Ἐξ ἄλλου ἀνεκοινώθη ὅτι ὁ ἀρμόδιος ὑπουργὸς θὰ μεταβῇ εἰς τὸ ἐξωτερικὸν διὰ συνομιλίας. Ὁ ἐκπρόσωπος τοῦ ὑπουργείου ἐδήλωσεν ὅτι οὐδεμία ἀπόφασις ἐλήφθη ἀκόμη, ἀλλὰ ἀναμένεται ἀνακοίνωσις ἐντὸς τῶν ἡμερῶν. Αἱ ἀρχαὶ ἔλαβον ἔκτακτα μέτρα διὰ τὴν ἀποκατάστασιν τῆς τάξεως καὶ τὴν ἐξυπηρέτησιν τοῦ κοινοῦ.

ΕΝΤΟΝΟΙ ΔΙΑΜΑΡΤΥΡΙΑΙ ΔΙΑ ΤΗΝ ΤΥΧΗΝ ΤΩΝ ΝΕΓΡΩΝ ΠΡΟΚΑΛΟΥΝ ΔΑΚΡΥΑ ΕΙΣ ΤΗΝ κ. ΤΖΟΝΣΟΝ ΚΑΤΑ ΤΗΝ ΔΙΑΡΚΕΙΑΝ ΓΕΥΜΑΤΟΣ ΕΙΣ ΤΟΝ ΛΕΥΚΟΝ ΟΙΚΟΝ

Τὴν ἐπιστολὴν τοῦ ὑπουργείου διεβίβασεν ὁ πρεσβευτὴς τῆς χώρας μετὰ τὴν συνεδρίασιν τοῦ συμβουλίου. Κατὰ τὰς πληροφορίας ἐκ τῆς πρωτευούσης, αἱ συζητήσεις θὰ συνεχισθοῦν κατὰ τὴν προσεχῆ ἑβδομάδα, ἐνῷ ἡ κυβέρνησις ἐξετάζει τὰ ὑποβληθέντα σχέδια. Ἐξ ἄλλου ἀνεκοινώθη ὅτι ὁ ἀρμόδιος ὑπουργὸς θὰ μεταβῇ εἰς τὸ ἐξωτερικὸν διὰ συνομιλίας. Ὁ ἐκπρόσωπος τοῦ ὑπουργείου ἐδήλωσεν ὅτι οὐδεμία ἀπόφασις ἐλήφθη ἀκόμη, ἀλλὰ ἀναμένεται ἀνακοίνωσις ἐντὸς τῶν ἡμερῶν. Αἱ ἀρχαὶ ἔλαβον ἔκτακτα μέτρα διὰ τὴν ἀποκατάστασιν τῆς τάξεως καὶ τὴν ἐξυπηρέτησιν τοῦ κοινοῦ.

Τὴν ἐπιστολὴν τοῦ ὑπουργείου διεβίβασεν ὁ πρεσβευτὴς τῆς χώρας μετὰ τὴν συνεδρίασιν τοῦ συμβουλίου. Κατὰ τὰς πληροφορίας ἐκ τῆς πρωτευούσης, αἱ συζητήσεις θὰ συνεχισθοῦν κατὰ τὴν προσεχῆ ἑβδομάδα, ἐνῷ ἡ κυβέρνησις ἐξετάζει τὰ ὑποβληθέντα σχέδια. Ἐξ ἄλλου ἀνεκοινώθη ὅτι ὁ ἀρμόδιος ὑπουργὸς θὰ μεταβῇ εἰς τὸ ἐξωτερικὸν διὰ συνομιλίας. Ὁ ἐκπρόσωπος τοῦ ὑπουργείου ἐδήλωσεν ὅτι οὐδεμία ἀπόφασις ἐλήφθη ἀκόμη, ἀλλὰ ἀναμένεται ἀνακοίνωσις ἐντὸς τῶν ἡμερῶν. Αἱ ἀρχαὶ ἔλαβον ἔκτακτα μέτρα διὰ τὴν ἀποκατάστασιν τῆς τάξεως καὶ τὴν ἐξυπηρέτησιν τοῦ κοινοῦ.

Τὴν ἐπιστολὴν τοῦ ὑπουργείου διεβίβασεν ὁ πρεσβευτὴς τῆς χώρας μετὰ τὴν συνεδρίασιν τοῦ συμβουλίου. Κατὰ τὰς πληροφορίας ἐκ τῆς πρωτευούσης, αἱ συζητήσεις θὰ συνεχισθοῦν κατὰ τὴν προσεχῆ ἑβδομάδα, ἐνῷ ἡ κυβέρνησις ἐξετάζει τὰ ὑποβληθέντα σχέδια. Ἐξ ἄλλου ἀνεκοινώθη ὅτι ὁ ἀρμόδιος ὑπουργὸς θὰ μεταβῇ εἰς τὸ ἐξωτερικὸν διὰ συνομιλίας. Ὁ ἐκπρόσωπος τοῦ ὑπουργείου ἐδήλωσεν ὅτι οὐδεμία ἀπόφασις ἐλήφθη ἀκόμη, ἀλλὰ ἀναμένεται ἀνακοίνωσις ἐντὸς τῶν ἡμερῶν. Αἱ ἀρχαὶ ἔλαβον ἔκτακτα μέτρα διὰ τὴν ἀποκατάστασιν τῆς τάξεως καὶ τὴν ἐξυπηρέτησιν τοῦ κοινοῦ.

Τὴν ἐπιστολὴν τοῦ ὑπουργείου διεβίβασεν ὁ πρεσβευτὴς τῆς χώρας μετὰ τὴν συνεδρίασιν τοῦ συμβουλίου. Κατὰ τὰς πληροφορίας ἐκ τῆς πρωτευούσης, αἱ συζητήσεις θὰ συνεχισθοῦν κατὰ τὴν προσεχῆ ἑβδομάδα, ἐνῷ ἡ κυβέρνησις ἐξετάζει τὰ ὑποβληθέντα σχέδια. Ἐξ ἄλλου ἀνεκοινώθη ὅτι ὁ ἀρμόδιος ὑπουργὸς θὰ μεταβῇ εἰς τὸ ἐξωτερικὸν διὰ συνομιλίας. Ὁ ἐκπρόσωπος τοῦ ὑπουργείου ἐδήλωσεν ὅτι οὐδεμία ἀπόφασις ἐλήφθη ἀκόμη, ἀλλὰ ἀναμένεται ἀνακοίνωσις ἐντὸς τῶν ἡμερῶν. Αἱ ἀρχαὶ ἔλαβον ἔκτακτα μέτρα διὰ τὴν ἀποκατάστασιν τῆς τάξεως καὶ τὴν ἐξυπηρέτησιν τοῦ κοινοῦ.

Τὴν ἐπιστολὴν τοῦ ὑπουργείου διεβίβασεν ὁ πρεσβευτὴς τῆς χώρας μετὰ τὴν συνεδρίασιν τοῦ συμβουλίου. Κατὰ τὰς πληροφορίας ἐκ τῆς πρωτευούσης, αἱ συζητήσεις θὰ συνεχισθοῦν κατὰ τὴν προσεχῆ ἑβδομάδα, ἐνῷ ἡ κυβέρνησις ἐξετάζει τὰ ὑποβληθέντα σχέδια. Ἐξ ἄλλου ἀνεκοινώθη ὅτι ὁ ἀρμόδιος ὑπουργὸς θὰ μεταβῇ εἰς τὸ ἐξωτερικὸν διὰ συνομιλίας. Ὁ ἐκπρόσωπος τοῦ ὑπουργείου ἐδήλωσεν ὅτι οὐδεμία ἀπόφασις ἐλήφθη ἀκόμη, ἀλλὰ ἀναμένεται ἀνακοίνωσις ἐντὸς τῶν ἡμερῶν. Αἱ ἀρχαὶ ἔλαβον ἔκτακτα μέτρα διὰ τὴν ἀποκατάστασιν τῆς τάξεως καὶ τὴν ἐξυπηρέτησιν τοῦ κοινοῦ.

Ο ΣΑΧΗΣ ΜΕΤΑ ΤΗΝ ΠΕΡΙΟΔΕΙΑΝ ΕΙΣ ΤΗΝ ΜΑΛΑΙΣΙΑΝ ΘΑ ΕΠΙΣΚΕΦΘΗ ΕΠΙΣΗΜΩΣ ΚΑΙ ΤΗΝ ΤΑ-Υ-ΛΑΝΔΗΝ

Τὴν ἐπιστολὴν τοῦ ὑπουργείου διεβίβασεν ὁ πρεσβευτὴς τῆς χώρας μετὰ τὴν συνεδρίασιν τοῦ συμβουλίου. Κατὰ τὰς πληροφορίας ἐκ τῆς πρωτευούσης, αἱ συζητήσεις θὰ συνεχισθοῦν κατὰ τὴν προσεχῆ ἑβδομάδα, ἐνῷ ἡ κυβέρνησις ἐξετάζει τὰ ὑποβληθέντα σχέδια. Ἐξ ἄλλου ἀνεκοινώθη ὅτι ὁ ἀρμόδιος ὑπουργὸς θὰ μεταβῇ εἰς τὸ ἐξωτερικὸν διὰ συνομιλίας. Ὁ ἐκπρόσωπος τοῦ ὑπουργείου ἐδήλωσεν ὅτι οὐδεμία ἀπόφασις ἐλήφθη ἀκόμη, ἀλλὰ ἀναμένεται ἀνακοίνωσις ἐντὸς τῶν ἡμερῶν. Αἱ ἀρχαὶ ἔλαβον ἔκτακτα μέτρα διὰ τὴν ἀποκατάστασιν τῆς τάξεως καὶ τὴν ἐξυπηρέτησιν τοῦ κοινοῦ.

Τὴν ἐπιστολὴν τοῦ ὑπουργείου διεβίβασεν ὁ πρεσβευτὴς τῆς χώρας μετὰ τὴν συνεδρίασιν τοῦ συμβουλίου. Κατὰ τὰς πληροφορίας ἐκ τῆς πρωτευούσης, αἱ συζητήσεις θὰ συνεχισθοῦν κατὰ τὴν προσεχῆ ἑβδομάδα, ἐνῷ ἡ κυβέρνησις ἐξετάζει τὰ ὑποβληθέντα σχέδια. Ἐξ ἄλλου ἀνεκοινώθη ὅτι ὁ ἀρμόδιος ὑπουργὸς θὰ μεταβῇ εἰς τὸ ἐξωτερικὸν διὰ συνομιλίας. Ὁ ἐκπρόσωπος τοῦ ὑπουργείου ἐδήλωσεν ὅτι οὐδεμία ἀπόφασις ἐλήφθη ἀκόμη, ἀλλὰ ἀναμένεται ἀνακοίνωσις ἐντὸς τῶν ἡμερῶν. Αἱ ἀρχαὶ ἔλαβον ἔκτακτα μέτρα διὰ τὴν ἀποκατάστασιν τῆς τάξεως καὶ τὴν ἐξυπηρέτησιν τοῦ κοινοῦ.

ΜΥΣΤΗΡΙΩΔΕΣ 'ΙΠΤΑΜΕΝΟΝ ΑΝΤΙΚΕΙΜΕΝΟΝ' ΕΝΕΦΑΝΙΣΘΗ ΕΚ ΝΕΟΥ ΕΙΣ ΤΗΝ ΠΕΡΣΙΑΝ
13.000 ΔΡΑΧΜΑΙ ΔΙΑ ΤΟΥΣ ΣΕΙΣΜΟΠΑΘΕΙΣ

Τὴν ἐπιστολὴν τοῦ ὑπουργείου διεβίβασεν ὁ πρεσβευτὴς τῆς χώρας μετὰ τὴν συνεδρίασιν τοῦ συμβουλίου. Κατὰ τὰς πληροφορίας ἐκ τῆς πρωτευούσης, αἱ συζητήσεις θὰ συνεχισθοῦν κατὰ τὴν προσεχῆ ἑβδομάδα, ἐνῷ ἡ κυβέρνησις ἐξετάζει τὰ ὑποβληθέντα σχέδια. Ἐξ ἄλλου ἀνεκοινώθη ὅτι ὁ ἀρμόδιος ὑπουργὸς θὰ μεταβῇ εἰς τὸ ἐξωτερικὸν διὰ συνομιλίας. Ὁ ἐκπρόσωπος τοῦ ὑπουργείου ἐδήλωσεν ὅτι οὐδεμία ἀπόφασις ἐλήφθη ἀκόμη, ἀλλὰ ἀναμένεται ἀνακοίνωσις ἐντὸς τῶν ἡμερῶν. Αἱ ἀρχαὶ ἔλαβον ἔκτακτα μέτρα διὰ τὴν ἀποκατάστασιν τῆς τάξεως καὶ τὴν ἐξυπηρέτησιν τοῦ κοινοῦ.

ΕΓΚΡΙΣΙΣ ΔΙΑΘΕΣΕΩΣ ΓΕΦΥΡΟΠΛΑΣΤΙΓΓΩΝ

Τὴν ἐπιστολὴν τοῦ ὑπουργείου διεβίβασεν ὁ πρεσβευτὴς τῆς χώρας μετὰ τὴν συνεδρίασιν τοῦ συμβουλίου. Κατὰ τὰς πληροφορίας ἐκ τῆς πρωτευούσης, αἱ συζητήσεις θὰ συνεχισθοῦν κατὰ τὴν προσεχῆ ἑβδομάδα, ἐνῷ ἡ κυβέρνησις ἐξετάζει τὰ ὑποβληθέντα σχέδια. Ἐξ ἄλλου ἀνεκοινώθη ὅτι ὁ ἀρμόδιος ὑπουργὸς θὰ μεταβῇ εἰς τὸ ἐξωτερικὸν διὰ συνομιλίας. Ὁ ἐκπρόσωπος τοῦ ὑπουργείου ἐδήλωσεν ὅτι οὐδεμία ἀπόφασις ἐλήφθη ἀκόμη, ἀλλὰ ἀναμένεται ἀνακοίνωσις ἐντὸς τῶν ἡμερῶν. Αἱ ἀρχαὶ ἔλαβον ἔκτακτα μέτρα διὰ τὴν ἀποκατάστασιν τῆς τάξεως καὶ τὴν ἐξυπηρέτησιν τοῦ κοινοῦ.

Τὴν ἐπιστολὴν τοῦ ὑπουργείου διεβίβασεν ὁ πρεσβευτὴς τῆς χώρας μετὰ τὴν συνεδρίασιν τοῦ συμβουλίου. Κατὰ τὰς πληροφορίας ἐκ τῆς πρωτευούσης, αἱ συζητήσεις θὰ συνεχισθοῦν κατὰ τὴν προσεχῆ ἑβδομάδα, ἐνῷ ἡ κυβέρνησις ἐξετάζει τὰ ὑποβληθέντα σχέδια. Ἐξ ἄλλου ἀνεκοινώθη ὅτι ὁ ἀρμόδιος ὑπουργὸς θὰ μεταβῇ εἰς τὸ ἐξωτερικὸν διὰ συνομιλίας. Ὁ ἐκπρόσωπος τοῦ ὑπουργείου ἐδήλωσεν ὅτι οὐδεμία ἀπόφασις ἐλήφθη ἀκόμη, ἀλλὰ ἀναμένεται ἀνακοίνωσις ἐντὸς τῶν ἡμερῶν. Αἱ ἀρχαὶ ἔλαβον ἔκτακτα μέτρα διὰ τὴν ἀποκατάστασιν τῆς τάξεως καὶ τὴν ἐξυπηρέτησιν τοῦ κοινοῦ.

Η ΒΡΕΤΑΝΝΙΑ ΔΙΑΨΕΥΔΕΙ ΚΑΤΗΓΟΡΗΜΑΤΙΚΩΣ ΤΑ ΠΕΡΙ ΑΠΟΣΤΟΛΗΣ ΣΤΡΑΤΟΥ ΕΙΣ ΝΙΓΗΡΙΑΝ

Τὴν ἐπιστολὴν τοῦ ὑπουργείου διεβίβασεν ὁ πρεσβευτὴς τῆς χώρας μετὰ τὴν συνεδρίασιν τοῦ συμβουλίου. Κατὰ τὰς πληροφορίας ἐκ τῆς πρωτευούσης, αἱ συζητήσεις θὰ συνεχισθοῦν κατὰ τὴν προσεχῆ ἑβδομάδα, ἐνῷ ἡ κυβέρνησις ἐξετάζει τὰ ὑποβληθέντα σχέδια. Ἐξ ἄλλου ἀνεκοινώθη ὅτι ὁ ἀρμόδιος ὑπουργὸς θὰ μεταβῇ εἰς τὸ ἐξωτερικὸν διὰ συνομιλίας. Ὁ ἐκπρόσωπος τοῦ ὑπουργείου ἐδήλωσεν ὅτι οὐδεμία ἀπόφασις ἐλήφθη ἀκόμη, ἀλλὰ ἀναμένεται ἀνακοίνωσις ἐντὸς τῶν ἡμερῶν. Αἱ ἀρχαὶ ἔλαβον ἔκτακτα μέτρα διὰ τὴν ἀποκατάστασιν τῆς τάξεως καὶ τὴν ἐξυπηρέτησιν τοῦ κοινοῦ.

Τὴν ἐπιστολὴν τοῦ ὑπουργείου διεβίβασεν ὁ πρεσβευτὴς τῆς χώρας μετὰ τὴν συνεδρίασιν τοῦ συμβουλίου. Κατὰ τὰς πληροφορίας ἐκ τῆς πρωτευούσης, αἱ συζητήσεις θὰ συνεχισθοῦν κατὰ τὴν προσεχῆ ἑβδομάδα, ἐνῷ ἡ κυβέρνησις ἐξετάζει τὰ ὑποβληθέντα σχέδια. Ἐξ ἄλλου ἀνεκοινώθη ὅτι ὁ ἀρμόδιος ὑπουργὸς θὰ μεταβῇ εἰς τὸ ἐξωτερικὸν διὰ συνομιλίας. Ὁ ἐκπρόσωπος τοῦ ὑπουργείου ἐδήλωσεν ὅτι οὐδεμία ἀπόφασις ἐλήφθη ἀκόμη, ἀλλὰ ἀναμένεται ἀνακοίνωσις ἐντὸς τῶν ἡμερῶν. Αἱ ἀρχαὶ ἔλαβον ἔκτακτα μέτρα διὰ τὴν ἀποκατάστασιν τῆς τάξεως καὶ τὴν ἐξυπηρέτησιν τοῦ κοινοῦ.

Ἡ Ἀμερικὴ πιέζει τὴν Ἰαπωνίαν νὰ δεχθῇ ἐπὶ τοῦ ἐδάφους της ἵδρυσιν θερμοπυρηνικῶν βάσεων
ΠΟΙΟΙ ΟΙ ΑΝΤΙΚΕΙΜΕΝΙΚΟΙ ΣΚΟΠΟΙ ΤΟΥ ΚΑΤΑΠΛΟΥ ΤΟΥ «ΕΝΤΕΡΠΡΑΙΖ»

Τὴν ἐπιστολὴν τοῦ ὑπουργείου διεβίβασεν ὁ πρεσβευτὴς τῆς χώρας μετὰ τὴν συνεδρίασιν τοῦ συμβουλίου. Κατὰ τὰς πληροφορίας ἐκ τῆς πρωτευούσης, αἱ συζητήσεις θὰ συνεχισθοῦν κατὰ τὴν προσεχῆ ἑβδομάδα, ἐνῷ ἡ κυβέρνησις ἐξετάζει τὰ ὑποβληθέντα σχέδια. Ἐξ ἄλλου ἀνεκοινώθη ὅτι ὁ ἀρμόδιος ὑπουργὸς θὰ μεταβῇ εἰς τὸ ἐξωτερικὸν διὰ συνομιλίας. Ὁ ἐκπρόσωπος τοῦ ὑπουργείου ἐδήλωσεν ὅτι οὐδεμία ἀπόφασις ἐλήφθη ἀκόμη, ἀλλὰ ἀναμένεται ἀνακοίνωσις ἐντὸς τῶν ἡμερῶν. Αἱ ἀρχαὶ ἔλαβον ἔκτακτα μέτρα διὰ τὴν ἀποκατάστασιν τῆς τάξεως καὶ τὴν ἐξυπηρέτησιν τοῦ κοινοῦ.

Τὴν ἐπιστολὴν τοῦ ὑπουργείου διεβίβασεν ὁ πρεσβευτὴς τῆς χώρας μετὰ τὴν συνεδρίασιν τοῦ συμβουλίου. Κατὰ τὰς πληροφορίας ἐκ τῆς πρωτευούσης, αἱ συζητήσεις θὰ συνεχισθοῦν κατὰ τὴν προσεχῆ ἑβδομάδα, ἐνῷ ἡ κυβέρνησις ἐξετάζει τὰ ὑποβληθέντα σχέδια. Ἐξ ἄλλου ἀνεκοινώθη ὅτι ὁ ἀρμόδιος ὑπουργὸς θὰ μεταβῇ εἰς τὸ ἐξωτερικὸν διὰ συνομιλίας. Ὁ ἐκπρόσωπος τοῦ ὑπουργείου ἐδήλωσεν ὅτι οὐδεμία ἀπόφασις ἐλήφθη ἀκόμη, ἀλλὰ ἀναμένεται ἀνακοίνωσις ἐντὸς τῶν ἡμερῶν. Αἱ ἀρχαὶ ἔλαβον ἔκτακτα μέτρα διὰ τὴν ἀποκατάστασιν τῆς τάξεως καὶ τὴν ἐξυπηρέτησιν τοῦ κοινοῦ.
